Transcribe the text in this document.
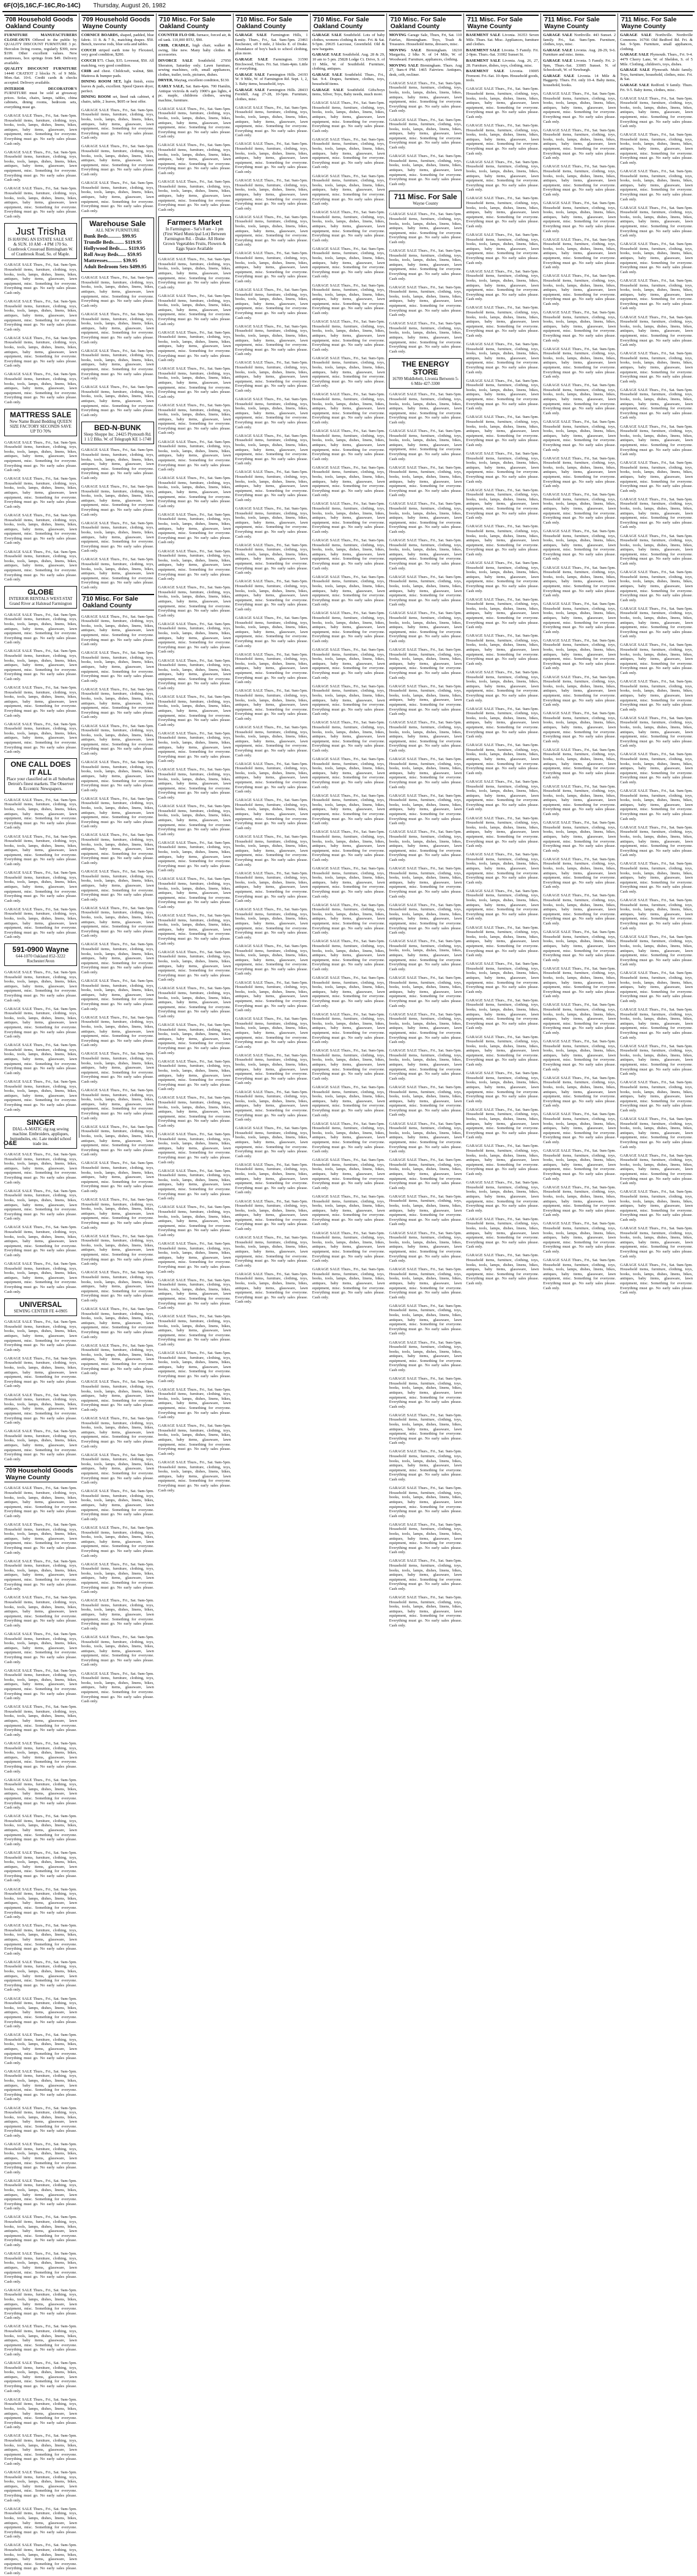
6F(O)S,16C,F-16C,Ro-14C) Thursday, August 26, 1982
708 Household Goods
Oakland County

FURNITURE MANUFACTURERS CLOSE-OUTS Offered to the public by QUALITY DISCOUNT FURNITURE 3 pc. Herculon living rooms, regularly $399, now $199. Other excellent values. New mattresses, box springs from $49. Delivery available.

QUALITY DISCOUNT FURNITURE 14440 CRATIOT 2 blocks N. of 9 Mile. Mon.-Sat. 10-6. Credit cards & checks accepted. Delivery available.

INTERIOR DECORATOR'S FURNITURE must be sold at giveaway prices. Sofas, chairs, lamps, tables, china cabinets, dining rooms, bedroom sets, everything must go.

GARAGE SALE Thurs., Fri., Sat. 9am-5pm. Household items, furniture, clothing, toys, books, tools, lamps, dishes, linens, bikes, antiques, baby items, glassware, lawn equipment, misc. Something for everyone. Everything must go. No early sales please. Cash only.

GARAGE SALE Thurs., Fri., Sat. 9am-5pm. Household items, furniture, clothing, toys, books, tools, lamps, dishes, linens, bikes, antiques, baby items, glassware, lawn equipment, misc. Something for everyone. Everything must go. No early sales please. Cash only.

GARAGE SALE Thurs., Fri., Sat. 9am-5pm. Household items, furniture, clothing, toys, books, tools, lamps, dishes, linens, bikes, antiques, baby items, glassware, lawn equipment, misc. Something for everyone. Everything must go. No early sales please. Cash only.

Just Trisha
IS HAVING AN ESTATE SALE SAT. & SUN. 10 AM - 4 PM 170 So. Cranbrook Crossroad Birmingham W. of Cranbrook Road, So. of Maple.

GARAGE SALE Thurs., Fri., Sat. 9am-5pm. Household items, furniture, clothing, toys, books, tools, lamps, dishes, linens, bikes, antiques, baby items, glassware, lawn equipment, misc. Something for everyone. Everything must go. No early sales please. Cash only.

GARAGE SALE Thurs., Fri., Sat. 9am-5pm. Household items, furniture, clothing, toys, books, tools, lamps, dishes, linens, bikes, antiques, baby items, glassware, lawn equipment, misc. Something for everyone. Everything must go. No early sales please. Cash only.

GARAGE SALE Thurs., Fri., Sat. 9am-5pm. Household items, furniture, clothing, toys, books, tools, lamps, dishes, linens, bikes, antiques, baby items, glassware, lawn equipment, misc. Something for everyone. Everything must go. No early sales please. Cash only.

GARAGE SALE Thurs., Fri., Sat. 9am-5pm. Household items, furniture, clothing, toys, books, tools, lamps, dishes, linens, bikes, antiques, baby items, glassware, lawn equipment, misc. Something for everyone. Everything must go. No early sales please. Cash only.

MATTRESS SALE
New Name Brand Bedding QUEEN SIZE FACTORY SECONDS SAVE UP TO 70%

GARAGE SALE Thurs., Fri., Sat. 9am-5pm. Household items, furniture, clothing, toys, books, tools, lamps, dishes, linens, bikes, antiques, baby items, glassware, lawn equipment, misc. Something for everyone. Everything must go. No early sales please. Cash only.

GARAGE SALE Thurs., Fri., Sat. 9am-5pm. Household items, furniture, clothing, toys, books, tools, lamps, dishes, linens, bikes, antiques, baby items, glassware, lawn equipment, misc. Something for everyone. Everything must go. No early sales please. Cash only.

GARAGE SALE Thurs., Fri., Sat. 9am-5pm. Household items, furniture, clothing, toys, books, tools, lamps, dishes, linens, bikes, antiques, baby items, glassware, lawn equipment, misc. Something for everyone. Everything must go. No early sales please. Cash only.

GARAGE SALE Thurs., Fri., Sat. 9am-5pm. Household items, furniture, clothing, toys, books, tools, lamps, dishes, linens, bikes, antiques, baby items, glassware, lawn equipment, misc. Something for everyone. Everything must go. No early sales please. Cash only.

GLOBE
INTERIOR RENTALS WEST-STAT Grand River at Halstead Farmington

GARAGE SALE Thurs., Fri., Sat. 9am-5pm. Household items, furniture, clothing, toys, books, tools, lamps, dishes, linens, bikes, antiques, baby items, glassware, lawn equipment, misc. Something for everyone. Everything must go. No early sales please. Cash only.

GARAGE SALE Thurs., Fri., Sat. 9am-5pm. Household items, furniture, clothing, toys, books, tools, lamps, dishes, linens, bikes, antiques, baby items, glassware, lawn equipment, misc. Something for everyone. Everything must go. No early sales please. Cash only.

GARAGE SALE Thurs., Fri., Sat. 9am-5pm. Household items, furniture, clothing, toys, books, tools, lamps, dishes, linens, bikes, antiques, baby items, glassware, lawn equipment, misc. Something for everyone. Everything must go. No early sales please. Cash only.

GARAGE SALE Thurs., Fri., Sat. 9am-5pm. Household items, furniture, clothing, toys, books, tools, lamps, dishes, linens, bikes, antiques, baby items, glassware, lawn equipment, misc. Something for everyone. Everything must go. No early sales please. Cash only.

ONE CALL DOES IT ALL
Place your classified ad in all Suburban Detroit's finest markets. The Observer & Eccentric Newspapers.

GARAGE SALE Thurs., Fri., Sat. 9am-5pm. Household items, furniture, clothing, toys, books, tools, lamps, dishes, linens, bikes, antiques, baby items, glassware, lawn equipment, misc. Something for everyone. Everything must go. No early sales please. Cash only.

GARAGE SALE Thurs., Fri., Sat. 9am-5pm. Household items, furniture, clothing, toys, books, tools, lamps, dishes, linens, bikes, antiques, baby items, glassware, lawn equipment, misc. Something for everyone. Everything must go. No early sales please. Cash only.

GARAGE SALE Thurs., Fri., Sat. 9am-5pm. Household items, furniture, clothing, toys, books, tools, lamps, dishes, linens, bikes, antiques, baby items, glassware, lawn equipment, misc. Something for everyone. Everything must go. No early sales please. Cash only.

GARAGE SALE Thurs., Fri., Sat. 9am-5pm. Household items, furniture, clothing, toys, books, tools, lamps, dishes, linens, bikes, antiques, baby items, glassware, lawn equipment, misc. Something for everyone. Everything must go. No early sales please. Cash only.

591-0900 Wayne
644-1070 Oakland 852-3222 Rochester/Avon

GARAGE SALE Thurs., Fri., Sat. 9am-5pm. Household items, furniture, clothing, toys, books, tools, lamps, dishes, linens, bikes, antiques, baby items, glassware, lawn equipment, misc. Something for everyone. Everything must go. No early sales please. Cash only.

GARAGE SALE Thurs., Fri., Sat. 9am-5pm. Household items, furniture, clothing, toys, books, tools, lamps, dishes, linens, bikes, antiques, baby items, glassware, lawn equipment, misc. Something for everyone. Everything must go. No early sales please. Cash only.

GARAGE SALE Thurs., Fri., Sat. 9am-5pm. Household items, furniture, clothing, toys, books, tools, lamps, dishes, linens, bikes, antiques, baby items, glassware, lawn equipment, misc. Something for everyone. Everything must go. No early sales please. Cash only.

GARAGE SALE Thurs., Fri., Sat. 9am-5pm. Household items, furniture, clothing, toys, books, tools, lamps, dishes, linens, bikes, antiques, baby items, glassware, lawn equipment, misc. Something for everyone. Everything must go. No early sales please. Cash only.

SINGER
DIAL-A-MATIC zig zag sewing machine. Embroiders, appliques, buttonholes, etc. Late model school trade ins.

GARAGE SALE Thurs., Fri., Sat. 9am-5pm. Household items, furniture, clothing, toys, books, tools, lamps, dishes, linens, bikes, antiques, baby items, glassware, lawn equipment, misc. Something for everyone. Everything must go. No early sales please. Cash only.

GARAGE SALE Thurs., Fri., Sat. 9am-5pm. Household items, furniture, clothing, toys, books, tools, lamps, dishes, linens, bikes, antiques, baby items, glassware, lawn equipment, misc. Something for everyone. Everything must go. No early sales please. Cash only.

GARAGE SALE Thurs., Fri., Sat. 9am-5pm. Household items, furniture, clothing, toys, books, tools, lamps, dishes, linens, bikes, antiques, baby items, glassware, lawn equipment, misc. Something for everyone. Everything must go. No early sales please. Cash only.

GARAGE SALE Thurs., Fri., Sat. 9am-5pm. Household items, furniture, clothing, toys, books, tools, lamps, dishes, linens, bikes, antiques, baby items, glassware, lawn equipment, misc. Something for everyone. Everything must go. No early sales please. Cash only.

UNIVERSAL
SEWING CENTER FE 4-0905

GARAGE SALE Thurs., Fri., Sat. 9am-5pm. Household items, furniture, clothing, toys, books, tools, lamps, dishes, linens, bikes, antiques, baby items, glassware, lawn equipment, misc. Something for everyone. Everything must go. No early sales please. Cash only.

GARAGE SALE Thurs., Fri., Sat. 9am-5pm. Household items, furniture, clothing, toys, books, tools, lamps, dishes, linens, bikes, antiques, baby items, glassware, lawn equipment, misc. Something for everyone. Everything must go. No early sales please. Cash only.

GARAGE SALE Thurs., Fri., Sat. 9am-5pm. Household items, furniture, clothing, toys, books, tools, lamps, dishes, linens, bikes, antiques, baby items, glassware, lawn equipment, misc. Something for everyone. Everything must go. No early sales please. Cash only.

GARAGE SALE Thurs., Fri., Sat. 9am-5pm. Household items, furniture, clothing, toys, books, tools, lamps, dishes, linens, bikes, antiques, baby items, glassware, lawn equipment, misc. Something for everyone. Everything must go. No early sales please. Cash only.

709 Household Goods
Wayne County

GARAGE SALE Thurs., Fri., Sat. 9am-5pm. Household items, furniture, clothing, toys, books, tools, lamps, dishes, linens, bikes, antiques, baby items, glassware, lawn equipment, misc. Something for everyone. Everything must go. No early sales please. Cash only.

GARAGE SALE Thurs., Fri., Sat. 9am-5pm. Household items, furniture, clothing, toys, books, tools, lamps, dishes, linens, bikes, antiques, baby items, glassware, lawn equipment, misc. Something for everyone. Everything must go. No early sales please. Cash only.

GARAGE SALE Thurs., Fri., Sat. 9am-5pm. Household items, furniture, clothing, toys, books, tools, lamps, dishes, linens, bikes, antiques, baby items, glassware, lawn equipment, misc. Something for everyone. Everything must go. No early sales please. Cash only.

GARAGE SALE Thurs., Fri., Sat. 9am-5pm. Household items, furniture, clothing, toys, books, tools, lamps, dishes, linens, bikes, antiques, baby items, glassware, lawn equipment, misc. Something for everyone. Everything must go. No early sales please. Cash only.

GARAGE SALE Thurs., Fri., Sat. 9am-5pm. Household items, furniture, clothing, toys, books, tools, lamps, dishes, linens, bikes, antiques, baby items, glassware, lawn equipment, misc. Something for everyone. Everything must go. No early sales please. Cash only.

GARAGE SALE Thurs., Fri., Sat. 9am-5pm. Household items, furniture, clothing, toys, books, tools, lamps, dishes, linens, bikes, antiques, baby items, glassware, lawn equipment, misc. Something for everyone. Everything must go. No early sales please. Cash only.

GARAGE SALE Thurs., Fri., Sat. 9am-5pm. Household items, furniture, clothing, toys, books, tools, lamps, dishes, linens, bikes, antiques, baby items, glassware, lawn equipment, misc. Something for everyone. Everything must go. No early sales please. Cash only.

GARAGE SALE Thurs., Fri., Sat. 9am-5pm. Household items, furniture, clothing, toys, books, tools, lamps, dishes, linens, bikes, antiques, baby items, glassware, lawn equipment, misc. Something for everyone. Everything must go. No early sales please. Cash only.

GARAGE SALE Thurs., Fri., Sat. 9am-5pm. Household items, furniture, clothing, toys, books, tools, lamps, dishes, linens, bikes, antiques, baby items, glassware, lawn equipment, misc. Something for everyone. Everything must go. No early sales please. Cash only.

GARAGE SALE Thurs., Fri., Sat. 9am-5pm. Household items, furniture, clothing, toys, books, tools, lamps, dishes, linens, bikes, antiques, baby items, glassware, lawn equipment, misc. Something for everyone. Everything must go. No early sales please. Cash only.

GARAGE SALE Thurs., Fri., Sat. 9am-5pm. Household items, furniture, clothing, toys, books, tools, lamps, dishes, linens, bikes, antiques, baby items, glassware, lawn equipment, misc. Something for everyone. Everything must go. No early sales please. Cash only.

GARAGE SALE Thurs., Fri., Sat. 9am-5pm. Household items, furniture, clothing, toys, books, tools, lamps, dishes, linens, bikes, antiques, baby items, glassware, lawn equipment, misc. Something for everyone. Everything must go. No early sales please. Cash only.

GARAGE SALE Thurs., Fri., Sat. 9am-5pm. Household items, furniture, clothing, toys, books, tools, lamps, dishes, linens, bikes, antiques, baby items, glassware, lawn equipment, misc. Something for everyone. Everything must go. No early sales please. Cash only.

GARAGE SALE Thurs., Fri., Sat. 9am-5pm. Household items, furniture, clothing, toys, books, tools, lamps, dishes, linens, bikes, antiques, baby items, glassware, lawn equipment, misc. Something for everyone. Everything must go. No early sales please. Cash only.

GARAGE SALE Thurs., Fri., Sat. 9am-5pm. Household items, furniture, clothing, toys, books, tools, lamps, dishes, linens, bikes, antiques, baby items, glassware, lawn equipment, misc. Something for everyone. Everything must go. No early sales please. Cash only.

GARAGE SALE Thurs., Fri., Sat. 9am-5pm. Household items, furniture, clothing, toys, books, tools, lamps, dishes, linens, bikes, antiques, baby items, glassware, lawn equipment, misc. Something for everyone. Everything must go. No early sales please. Cash only.

GARAGE SALE Thurs., Fri., Sat. 9am-5pm. Household items, furniture, clothing, toys, books, tools, lamps, dishes, linens, bikes, antiques, baby items, glassware, lawn equipment, misc. Something for everyone. Everything must go. No early sales please. Cash only.

GARAGE SALE Thurs., Fri., Sat. 9am-5pm. Household items, furniture, clothing, toys, books, tools, lamps, dishes, linens, bikes, antiques, baby items, glassware, lawn equipment, misc. Something for everyone. Everything must go. No early sales please. Cash only.

GARAGE SALE Thurs., Fri., Sat. 9am-5pm. Household items, furniture, clothing, toys, books, tools, lamps, dishes, linens, bikes, antiques, baby items, glassware, lawn equipment, misc. Something for everyone. Everything must go. No early sales please. Cash only.

GARAGE SALE Thurs., Fri., Sat. 9am-5pm. Household items, furniture, clothing, toys, books, tools, lamps, dishes, linens, bikes, antiques, baby items, glassware, lawn equipment, misc. Something for everyone. Everything must go. No early sales please. Cash only.

GARAGE SALE Thurs., Fri., Sat. 9am-5pm. Household items, furniture, clothing, toys, books, tools, lamps, dishes, linens, bikes, antiques, baby items, glassware, lawn equipment, misc. Something for everyone. Everything must go. No early sales please. Cash only.

GARAGE SALE Thurs., Fri., Sat. 9am-5pm. Household items, furniture, clothing, toys, books, tools, lamps, dishes, linens, bikes, antiques, baby items, glassware, lawn equipment, misc. Something for everyone. Everything must go. No early sales please. Cash only.

GARAGE SALE Thurs., Fri., Sat. 9am-5pm. Household items, furniture, clothing, toys, books, tools, lamps, dishes, linens, bikes, antiques, baby items, glassware, lawn equipment, misc. Something for everyone. Everything must go. No early sales please. Cash only.

GARAGE SALE Thurs., Fri., Sat. 9am-5pm. Household items, furniture, clothing, toys, books, tools, lamps, dishes, linens, bikes, antiques, baby items, glassware, lawn equipment, misc. Something for everyone. Everything must go. No early sales please. Cash only.

GARAGE SALE Thurs., Fri., Sat. 9am-5pm. Household items, furniture, clothing, toys, books, tools, lamps, dishes, linens, bikes, antiques, baby items, glassware, lawn equipment, misc. Something for everyone. Everything must go. No early sales please. Cash only.

GARAGE SALE Thurs., Fri., Sat. 9am-5pm. Household items, furniture, clothing, toys, books, tools, lamps, dishes, linens, bikes, antiques, baby items, glassware, lawn equipment, misc. Something for everyone. Everything must go. No early sales please. Cash only.

GARAGE SALE Thurs., Fri., Sat. 9am-5pm. Household items, furniture, clothing, toys, books, tools, lamps, dishes, linens, bikes, antiques, baby items, glassware, lawn equipment, misc. Something for everyone. Everything must go. No early sales please. Cash only.

GARAGE SALE Thurs., Fri., Sat. 9am-5pm. Household items, furniture, clothing, toys, books, tools, lamps, dishes, linens, bikes, antiques, baby items, glassware, lawn equipment, misc. Something for everyone. Everything must go. No early sales please. Cash only.

GARAGE SALE Thurs., Fri., Sat. 9am-5pm. Household items, furniture, clothing, toys, books, tools, lamps, dishes, linens, bikes, antiques, baby items, glassware, lawn equipment, misc. Something for everyone. Everything must go. No early sales please. Cash only.

GARAGE SALE Thurs., Fri., Sat. 9am-5pm. Household items, furniture, clothing, toys, books, tools, lamps, dishes, linens, bikes, antiques, baby items, glassware, lawn equipment, misc. Something for everyone. Everything must go. No early sales please. Cash only.

709 Household Goods
Wayne County

CORNICE BOARDS, shaped, padded, blue fabric. 11 ft. & 7 ft., matching drapes. $50. Bench, traverse rods, blue sofa and tables.

COUCH striped earth tone by Flexsteel, very good condition, $200.

COUCH $75. Chair, $35. Loveseat, $50. All matching, very good condition.

CRIB and chest. Childcraft, walnut, $80. Mattress & bumper pads.

DINING ROOM SET, light finish, extra leaves & pads, excellent. Speed Queen dryer, perfect.

DINING ROOM set, lined oak cabinet, 4 chairs, table, 2 leaves, $695 or best offer.

GARAGE SALE Thurs., Fri., Sat. 9am-5pm. Household items, furniture, clothing, toys, books, tools, lamps, dishes, linens, bikes, antiques, baby items, glassware, lawn equipment, misc. Something for everyone. Everything must go. No early sales please. Cash only.

GARAGE SALE Thurs., Fri., Sat. 9am-5pm. Household items, furniture, clothing, toys, books, tools, lamps, dishes, linens, bikes, antiques, baby items, glassware, lawn equipment, misc. Something for everyone. Everything must go. No early sales please. Cash only.

GARAGE SALE Thurs., Fri., Sat. 9am-5pm. Household items, furniture, clothing, toys, books, tools, lamps, dishes, linens, bikes, antiques, baby items, glassware, lawn equipment, misc. Something for everyone. Everything must go. No early sales please. Cash only.

Warehouse Sale
ALL NEW FURNITURE
Bunk Beds.......... $99.95
Trundle Beds........ $119.95
Hollywood Beds...... $119.95
Roll Away Beds...... $59.95
Mattresses........... $39.95
Adult Bedroom Sets $499.95

GARAGE SALE Thurs., Fri., Sat. 9am-5pm. Household items, furniture, clothing, toys, books, tools, lamps, dishes, linens, bikes, antiques, baby items, glassware, lawn equipment, misc. Something for everyone. Everything must go. No early sales please. Cash only.

GARAGE SALE Thurs., Fri., Sat. 9am-5pm. Household items, furniture, clothing, toys, books, tools, lamps, dishes, linens, bikes, antiques, baby items, glassware, lawn equipment, misc. Something for everyone. Everything must go. No early sales please. Cash only.

GARAGE SALE Thurs., Fri., Sat. 9am-5pm. Household items, furniture, clothing, toys, books, tools, lamps, dishes, linens, bikes, antiques, baby items, glassware, lawn equipment, misc. Something for everyone. Everything must go. No early sales please. Cash only.

GARAGE SALE Thurs., Fri., Sat. 9am-5pm. Household items, furniture, clothing, toys, books, tools, lamps, dishes, linens, bikes, antiques, baby items, glassware, lawn equipment, misc. Something for everyone. Everything must go. No early sales please. Cash only.

BED-N-BUNK
Sleep Shoppe Inc. 24425 Plymouth Rd. 1 1/2 Blks. W. of Telegraph KE 1-1740

GARAGE SALE Thurs., Fri., Sat. 9am-5pm. Household items, furniture, clothing, toys, books, tools, lamps, dishes, linens, bikes, antiques, baby items, glassware, lawn equipment, misc. Something for everyone. Everything must go. No early sales please. Cash only.

GARAGE SALE Thurs., Fri., Sat. 9am-5pm. Household items, furniture, clothing, toys, books, tools, lamps, dishes, linens, bikes, antiques, baby items, glassware, lawn equipment, misc. Something for everyone. Everything must go. No early sales please. Cash only.

GARAGE SALE Thurs., Fri., Sat. 9am-5pm. Household items, furniture, clothing, toys, books, tools, lamps, dishes, linens, bikes, antiques, baby items, glassware, lawn equipment, misc. Something for everyone. Everything must go. No early sales please. Cash only.

GARAGE SALE Thurs., Fri., Sat. 9am-5pm. Household items, furniture, clothing, toys, books, tools, lamps, dishes, linens, bikes, antiques, baby items, glassware, lawn equipment, misc. Something for everyone. Everything must go. No early sales please. Cash only.

710 Misc. For Sale
Oakland County

GARAGE SALE Thurs., Fri., Sat. 9am-5pm. Household items, furniture, clothing, toys, books, tools, lamps, dishes, linens, bikes, antiques, baby items, glassware, lawn equipment, misc. Something for everyone. Everything must go. No early sales please. Cash only.

GARAGE SALE Thurs., Fri., Sat. 9am-5pm. Household items, furniture, clothing, toys, books, tools, lamps, dishes, linens, bikes, antiques, baby items, glassware, lawn equipment, misc. Something for everyone. Everything must go. No early sales please. Cash only.

GARAGE SALE Thurs., Fri., Sat. 9am-5pm. Household items, furniture, clothing, toys, books, tools, lamps, dishes, linens, bikes, antiques, baby items, glassware, lawn equipment, misc. Something for everyone. Everything must go. No early sales please. Cash only.

GARAGE SALE Thurs., Fri., Sat. 9am-5pm. Household items, furniture, clothing, toys, books, tools, lamps, dishes, linens, bikes, antiques, baby items, glassware, lawn equipment, misc. Something for everyone. Everything must go. No early sales please. Cash only.

GARAGE SALE Thurs., Fri., Sat. 9am-5pm. Household items, furniture, clothing, toys, books, tools, lamps, dishes, linens, bikes, antiques, baby items, glassware, lawn equipment, misc. Something for everyone. Everything must go. No early sales please. Cash only.

GARAGE SALE Thurs., Fri., Sat. 9am-5pm. Household items, furniture, clothing, toys, books, tools, lamps, dishes, linens, bikes, antiques, baby items, glassware, lawn equipment, misc. Something for everyone. Everything must go. No early sales please. Cash only.

GARAGE SALE Thurs., Fri., Sat. 9am-5pm. Household items, furniture, clothing, toys, books, tools, lamps, dishes, linens, bikes, antiques, baby items, glassware, lawn equipment, misc. Something for everyone. Everything must go. No early sales please. Cash only.

GARAGE SALE Thurs., Fri., Sat. 9am-5pm. Household items, furniture, clothing, toys, books, tools, lamps, dishes, linens, bikes, antiques, baby items, glassware, lawn equipment, misc. Something for everyone. Everything must go. No early sales please. Cash only.

GARAGE SALE Thurs., Fri., Sat. 9am-5pm. Household items, furniture, clothing, toys, books, tools, lamps, dishes, linens, bikes, antiques, baby items, glassware, lawn equipment, misc. Something for everyone. Everything must go. No early sales please. Cash only.

GARAGE SALE Thurs., Fri., Sat. 9am-5pm. Household items, furniture, clothing, toys, books, tools, lamps, dishes, linens, bikes, antiques, baby items, glassware, lawn equipment, misc. Something for everyone. Everything must go. No early sales please. Cash only.

GARAGE SALE Thurs., Fri., Sat. 9am-5pm. Household items, furniture, clothing, toys, books, tools, lamps, dishes, linens, bikes, antiques, baby items, glassware, lawn equipment, misc. Something for everyone. Everything must go. No early sales please. Cash only.

GARAGE SALE Thurs., Fri., Sat. 9am-5pm. Household items, furniture, clothing, toys, books, tools, lamps, dishes, linens, bikes, antiques, baby items, glassware, lawn equipment, misc. Something for everyone. Everything must go. No early sales please. Cash only.

GARAGE SALE Thurs., Fri., Sat. 9am-5pm. Household items, furniture, clothing, toys, books, tools, lamps, dishes, linens, bikes, antiques, baby items, glassware, lawn equipment, misc. Something for everyone. Everything must go. No early sales please. Cash only.

GARAGE SALE Thurs., Fri., Sat. 9am-5pm. Household items, furniture, clothing, toys, books, tools, lamps, dishes, linens, bikes, antiques, baby items, glassware, lawn equipment, misc. Something for everyone. Everything must go. No early sales please. Cash only.

GARAGE SALE Thurs., Fri., Sat. 9am-5pm. Household items, furniture, clothing, toys, books, tools, lamps, dishes, linens, bikes, antiques, baby items, glassware, lawn equipment, misc. Something for everyone. Everything must go. No early sales please. Cash only.

GARAGE SALE Thurs., Fri., Sat. 9am-5pm. Household items, furniture, clothing, toys, books, tools, lamps, dishes, linens, bikes, antiques, baby items, glassware, lawn equipment, misc. Something for everyone. Everything must go. No early sales please. Cash only.

GARAGE SALE Thurs., Fri., Sat. 9am-5pm. Household items, furniture, clothing, toys, books, tools, lamps, dishes, linens, bikes, antiques, baby items, glassware, lawn equipment, misc. Something for everyone. Everything must go. No early sales please. Cash only.

GARAGE SALE Thurs., Fri., Sat. 9am-5pm. Household items, furniture, clothing, toys, books, tools, lamps, dishes, linens, bikes, antiques, baby items, glassware, lawn equipment, misc. Something for everyone. Everything must go. No early sales please. Cash only.

GARAGE SALE Thurs., Fri., Sat. 9am-5pm. Household items, furniture, clothing, toys, books, tools, lamps, dishes, linens, bikes, antiques, baby items, glassware, lawn equipment, misc. Something for everyone. Everything must go. No early sales please. Cash only.

GARAGE SALE Thurs., Fri., Sat. 9am-5pm. Household items, furniture, clothing, toys, books, tools, lamps, dishes, linens, bikes, antiques, baby items, glassware, lawn equipment, misc. Something for everyone. Everything must go. No early sales please. Cash only.

GARAGE SALE Thurs., Fri., Sat. 9am-5pm. Household items, furniture, clothing, toys, books, tools, lamps, dishes, linens, bikes, antiques, baby items, glassware, lawn equipment, misc. Something for everyone. Everything must go. No early sales please. Cash only.

GARAGE SALE Thurs., Fri., Sat. 9am-5pm. Household items, furniture, clothing, toys, books, tools, lamps, dishes, linens, bikes, antiques, baby items, glassware, lawn equipment, misc. Something for everyone. Everything must go. No early sales please. Cash only.

GARAGE SALE Thurs., Fri., Sat. 9am-5pm. Household items, furniture, clothing, toys, books, tools, lamps, dishes, linens, bikes, antiques, baby items, glassware, lawn equipment, misc. Something for everyone. Everything must go. No early sales please. Cash only.

GARAGE SALE Thurs., Fri., Sat. 9am-5pm. Household items, furniture, clothing, toys, books, tools, lamps, dishes, linens, bikes, antiques, baby items, glassware, lawn equipment, misc. Something for everyone. Everything must go. No early sales please. Cash only.

GARAGE SALE Thurs., Fri., Sat. 9am-5pm. Household items, furniture, clothing, toys, books, tools, lamps, dishes, linens, bikes, antiques, baby items, glassware, lawn equipment, misc. Something for everyone. Everything must go. No early sales please. Cash only.

GARAGE SALE Thurs., Fri., Sat. 9am-5pm. Household items, furniture, clothing, toys, books, tools, lamps, dishes, linens, bikes, antiques, baby items, glassware, lawn equipment, misc. Something for everyone. Everything must go. No early sales please. Cash only.

GARAGE SALE Thurs., Fri., Sat. 9am-5pm. Household items, furniture, clothing, toys, books, tools, lamps, dishes, linens, bikes, antiques, baby items, glassware, lawn equipment, misc. Something for everyone. Everything must go. No early sales please. Cash only.

GARAGE SALE Thurs., Fri., Sat. 9am-5pm. Household items, furniture, clothing, toys, books, tools, lamps, dishes, linens, bikes, antiques, baby items, glassware, lawn equipment, misc. Something for everyone. Everything must go. No early sales please. Cash only.

GARAGE SALE Thurs., Fri., Sat. 9am-5pm. Household items, furniture, clothing, toys, books, tools, lamps, dishes, linens, bikes, antiques, baby items, glassware, lawn equipment, misc. Something for everyone. Everything must go. No early sales please. Cash only.

GARAGE SALE Thurs., Fri., Sat. 9am-5pm. Household items, furniture, clothing, toys, books, tools, lamps, dishes, linens, bikes, antiques, baby items, glassware, lawn equipment, misc. Something for everyone. Everything must go. No early sales please. Cash only.

710 Misc. For Sale
Oakland County

COUNTER FLO OIL furnace, forced air, & oil tank. 110,000 BTU, $90.

CRIB, CRADLE, high chair, walker & swing, like new. Many baby clothes & accessories.

DIVORCE SALE Southfield. 27050 Sheraton, Saturday only. Lawn furniture, sewing machines, crib, small appliances, clothes, trailer, tools, pictures, dishes.

DRYER, Maytag, excellent condition, $130.

EARLY SALE, Sat. 8am-4pm. 700 Hamlin, Antique victrola & early 1900's gas lights, 4 pc. maple, childrens clothes, sewing machine, furniture.

GARAGE SALE Thurs., Fri., Sat. 9am-5pm. Household items, furniture, clothing, toys, books, tools, lamps, dishes, linens, bikes, antiques, baby items, glassware, lawn equipment, misc. Something for everyone. Everything must go. No early sales please. Cash only.

GARAGE SALE Thurs., Fri., Sat. 9am-5pm. Household items, furniture, clothing, toys, books, tools, lamps, dishes, linens, bikes, antiques, baby items, glassware, lawn equipment, misc. Something for everyone. Everything must go. No early sales please. Cash only.

GARAGE SALE Thurs., Fri., Sat. 9am-5pm. Household items, furniture, clothing, toys, books, tools, lamps, dishes, linens, bikes, antiques, baby items, glassware, lawn equipment, misc. Something for everyone. Everything must go. No early sales please. Cash only.

Farmers Market
In Farmington - Sat's 8 am - 1 pm (First Ward Municipal Lot) Between Farmington Rd. - Drake. All Home Grown Vegetables Fruits, Flowers & Eggs Space Available

GARAGE SALE Thurs., Fri., Sat. 9am-5pm. Household items, furniture, clothing, toys, books, tools, lamps, dishes, linens, bikes, antiques, baby items, glassware, lawn equipment, misc. Something for everyone. Everything must go. No early sales please. Cash only.

GARAGE SALE Thurs., Fri., Sat. 9am-5pm. Household items, furniture, clothing, toys, books, tools, lamps, dishes, linens, bikes, antiques, baby items, glassware, lawn equipment, misc. Something for everyone. Everything must go. No early sales please. Cash only.

GARAGE SALE Thurs., Fri., Sat. 9am-5pm. Household items, furniture, clothing, toys, books, tools, lamps, dishes, linens, bikes, antiques, baby items, glassware, lawn equipment, misc. Something for everyone. Everything must go. No early sales please. Cash only.

GARAGE SALE Thurs., Fri., Sat. 9am-5pm. Household items, furniture, clothing, toys, books, tools, lamps, dishes, linens, bikes, antiques, baby items, glassware, lawn equipment, misc. Something for everyone. Everything must go. No early sales please. Cash only.

GARAGE SALE Thurs., Fri., Sat. 9am-5pm. Household items, furniture, clothing, toys, books, tools, lamps, dishes, linens, bikes, antiques, baby items, glassware, lawn equipment, misc. Something for everyone. Everything must go. No early sales please. Cash only.

GARAGE SALE Thurs., Fri., Sat. 9am-5pm. Household items, furniture, clothing, toys, books, tools, lamps, dishes, linens, bikes, antiques, baby items, glassware, lawn equipment, misc. Something for everyone. Everything must go. No early sales please. Cash only.

GARAGE SALE Thurs., Fri., Sat. 9am-5pm. Household items, furniture, clothing, toys, books, tools, lamps, dishes, linens, bikes, antiques, baby items, glassware, lawn equipment, misc. Something for everyone. Everything must go. No early sales please. Cash only.

GARAGE SALE Thurs., Fri., Sat. 9am-5pm. Household items, furniture, clothing, toys, books, tools, lamps, dishes, linens, bikes, antiques, baby items, glassware, lawn equipment, misc. Something for everyone. Everything must go. No early sales please. Cash only.

GARAGE SALE Thurs., Fri., Sat. 9am-5pm. Household items, furniture, clothing, toys, books, tools, lamps, dishes, linens, bikes, antiques, baby items, glassware, lawn equipment, misc. Something for everyone. Everything must go. No early sales please. Cash only.

GARAGE SALE Thurs., Fri., Sat. 9am-5pm. Household items, furniture, clothing, toys, books, tools, lamps, dishes, linens, bikes, antiques, baby items, glassware, lawn equipment, misc. Something for everyone. Everything must go. No early sales please. Cash only.

GARAGE SALE Thurs., Fri., Sat. 9am-5pm. Household items, furniture, clothing, toys, books, tools, lamps, dishes, linens, bikes, antiques, baby items, glassware, lawn equipment, misc. Something for everyone. Everything must go. No early sales please. Cash only.

GARAGE SALE Thurs., Fri., Sat. 9am-5pm. Household items, furniture, clothing, toys, books, tools, lamps, dishes, linens, bikes, antiques, baby items, glassware, lawn equipment, misc. Something for everyone. Everything must go. No early sales please. Cash only.

GARAGE SALE Thurs., Fri., Sat. 9am-5pm. Household items, furniture, clothing, toys, books, tools, lamps, dishes, linens, bikes, antiques, baby items, glassware, lawn equipment, misc. Something for everyone. Everything must go. No early sales please. Cash only.

GARAGE SALE Thurs., Fri., Sat. 9am-5pm. Household items, furniture, clothing, toys, books, tools, lamps, dishes, linens, bikes, antiques, baby items, glassware, lawn equipment, misc. Something for everyone. Everything must go. No early sales please. Cash only.

GARAGE SALE Thurs., Fri., Sat. 9am-5pm. Household items, furniture, clothing, toys, books, tools, lamps, dishes, linens, bikes, antiques, baby items, glassware, lawn equipment, misc. Something for everyone. Everything must go. No early sales please. Cash only.

GARAGE SALE Thurs., Fri., Sat. 9am-5pm. Household items, furniture, clothing, toys, books, tools, lamps, dishes, linens, bikes, antiques, baby items, glassware, lawn equipment, misc. Something for everyone. Everything must go. No early sales please. Cash only.

GARAGE SALE Thurs., Fri., Sat. 9am-5pm. Household items, furniture, clothing, toys, books, tools, lamps, dishes, linens, bikes, antiques, baby items, glassware, lawn equipment, misc. Something for everyone. Everything must go. No early sales please. Cash only.

GARAGE SALE Thurs., Fri., Sat. 9am-5pm. Household items, furniture, clothing, toys, books, tools, lamps, dishes, linens, bikes, antiques, baby items, glassware, lawn equipment, misc. Something for everyone. Everything must go. No early sales please. Cash only.

GARAGE SALE Thurs., Fri., Sat. 9am-5pm. Household items, furniture, clothing, toys, books, tools, lamps, dishes, linens, bikes, antiques, baby items, glassware, lawn equipment, misc. Something for everyone. Everything must go. No early sales please. Cash only.

GARAGE SALE Thurs., Fri., Sat. 9am-5pm. Household items, furniture, clothing, toys, books, tools, lamps, dishes, linens, bikes, antiques, baby items, glassware, lawn equipment, misc. Something for everyone. Everything must go. No early sales please. Cash only.

GARAGE SALE Thurs., Fri., Sat. 9am-5pm. Household items, furniture, clothing, toys, books, tools, lamps, dishes, linens, bikes, antiques, baby items, glassware, lawn equipment, misc. Something for everyone. Everything must go. No early sales please. Cash only.

GARAGE SALE Thurs., Fri., Sat. 9am-5pm. Household items, furniture, clothing, toys, books, tools, lamps, dishes, linens, bikes, antiques, baby items, glassware, lawn equipment, misc. Something for everyone. Everything must go. No early sales please. Cash only.

GARAGE SALE Thurs., Fri., Sat. 9am-5pm. Household items, furniture, clothing, toys, books, tools, lamps, dishes, linens, bikes, antiques, baby items, glassware, lawn equipment, misc. Something for everyone. Everything must go. No early sales please. Cash only.

GARAGE SALE Thurs., Fri., Sat. 9am-5pm. Household items, furniture, clothing, toys, books, tools, lamps, dishes, linens, bikes, antiques, baby items, glassware, lawn equipment, misc. Something for everyone. Everything must go. No early sales please. Cash only.

GARAGE SALE Thurs., Fri., Sat. 9am-5pm. Household items, furniture, clothing, toys, books, tools, lamps, dishes, linens, bikes, antiques, baby items, glassware, lawn equipment, misc. Something for everyone. Everything must go. No early sales please. Cash only.

GARAGE SALE Thurs., Fri., Sat. 9am-5pm. Household items, furniture, clothing, toys, books, tools, lamps, dishes, linens, bikes, antiques, baby items, glassware, lawn equipment, misc. Something for everyone. Everything must go. No early sales please. Cash only.

GARAGE SALE Thurs., Fri., Sat. 9am-5pm. Household items, furniture, clothing, toys, books, tools, lamps, dishes, linens, bikes, antiques, baby items, glassware, lawn equipment, misc. Something for everyone. Everything must go. No early sales please. Cash only.

GARAGE SALE Thurs., Fri., Sat. 9am-5pm. Household items, furniture, clothing, toys, books, tools, lamps, dishes, linens, bikes, antiques, baby items, glassware, lawn equipment, misc. Something for everyone. Everything must go. No early sales please. Cash only.

GARAGE SALE Thurs., Fri., Sat. 9am-5pm. Household items, furniture, clothing, toys, books, tools, lamps, dishes, linens, bikes, antiques, baby items, glassware, lawn equipment, misc. Something for everyone. Everything must go. No early sales please. Cash only.

GARAGE SALE Thurs., Fri., Sat. 9am-5pm. Household items, furniture, clothing, toys, books, tools, lamps, dishes, linens, bikes, antiques, baby items, glassware, lawn equipment, misc. Something for everyone. Everything must go. No early sales please. Cash only.

GARAGE SALE Thurs., Fri., Sat. 9am-5pm. Household items, furniture, clothing, toys, books, tools, lamps, dishes, linens, bikes, antiques, baby items, glassware, lawn equipment, misc. Something for everyone. Everything must go. No early sales please. Cash only.

GARAGE SALE Thurs., Fri., Sat. 9am-5pm. Household items, furniture, clothing, toys, books, tools, lamps, dishes, linens, bikes, antiques, baby items, glassware, lawn equipment, misc. Something for everyone. Everything must go. No early sales please. Cash only.

GARAGE SALE Thurs., Fri., Sat. 9am-5pm. Household items, furniture, clothing, toys, books, tools, lamps, dishes, linens, bikes, antiques, baby items, glassware, lawn equipment, misc. Something for everyone. Everything must go. No early sales please. Cash only.

GARAGE SALE Thurs., Fri., Sat. 9am-5pm. Household items, furniture, clothing, toys, books, tools, lamps, dishes, linens, bikes, antiques, baby items, glassware, lawn equipment, misc. Something for everyone. Everything must go. No early sales please. Cash only.

710 Misc. For Sale
Oakland County

GARAGE SALE Farmington Hills, 1 family. Thurs., Fri., Sat. 9am-5pm. 23461 Rochester, off 9 mile, 2 blocks E. of Drake. Abundance of boy's back to school clothing, plus more.

GARAGE SALE Farmington. 31590 Birchwood, Thurs. Fri. Sat. 10am-4pm. Little of everything.

GARAGE SALE Farmington Hills. 24193 W. 9 Mile, W. of Farmington Rd. Sept. 1, 2, 3. Baby items, household, toys.

GARAGE SALE Farmington Hills. 28433 Fernhill, Aug 27-28, 10-5pm. Furniture, clothes, misc.

GARAGE SALE Thurs., Fri., Sat. 9am-5pm. Household items, furniture, clothing, toys, books, tools, lamps, dishes, linens, bikes, antiques, baby items, glassware, lawn equipment, misc. Something for everyone. Everything must go. No early sales please. Cash only.

GARAGE SALE Thurs., Fri., Sat. 9am-5pm. Household items, furniture, clothing, toys, books, tools, lamps, dishes, linens, bikes, antiques, baby items, glassware, lawn equipment, misc. Something for everyone. Everything must go. No early sales please. Cash only.

GARAGE SALE Thurs., Fri., Sat. 9am-5pm. Household items, furniture, clothing, toys, books, tools, lamps, dishes, linens, bikes, antiques, baby items, glassware, lawn equipment, misc. Something for everyone. Everything must go. No early sales please. Cash only.

GARAGE SALE Thurs., Fri., Sat. 9am-5pm. Household items, furniture, clothing, toys, books, tools, lamps, dishes, linens, bikes, antiques, baby items, glassware, lawn equipment, misc. Something for everyone. Everything must go. No early sales please. Cash only.

GARAGE SALE Thurs., Fri., Sat. 9am-5pm. Household items, furniture, clothing, toys, books, tools, lamps, dishes, linens, bikes, antiques, baby items, glassware, lawn equipment, misc. Something for everyone. Everything must go. No early sales please. Cash only.

GARAGE SALE Thurs., Fri., Sat. 9am-5pm. Household items, furniture, clothing, toys, books, tools, lamps, dishes, linens, bikes, antiques, baby items, glassware, lawn equipment, misc. Something for everyone. Everything must go. No early sales please. Cash only.

GARAGE SALE Thurs., Fri., Sat. 9am-5pm. Household items, furniture, clothing, toys, books, tools, lamps, dishes, linens, bikes, antiques, baby items, glassware, lawn equipment, misc. Something for everyone. Everything must go. No early sales please. Cash only.

GARAGE SALE Thurs., Fri., Sat. 9am-5pm. Household items, furniture, clothing, toys, books, tools, lamps, dishes, linens, bikes, antiques, baby items, glassware, lawn equipment, misc. Something for everyone. Everything must go. No early sales please. Cash only.

GARAGE SALE Thurs., Fri., Sat. 9am-5pm. Household items, furniture, clothing, toys, books, tools, lamps, dishes, linens, bikes, antiques, baby items, glassware, lawn equipment, misc. Something for everyone. Everything must go. No early sales please. Cash only.

GARAGE SALE Thurs., Fri., Sat. 9am-5pm. Household items, furniture, clothing, toys, books, tools, lamps, dishes, linens, bikes, antiques, baby items, glassware, lawn equipment, misc. Something for everyone. Everything must go. No early sales please. Cash only.

GARAGE SALE Thurs., Fri., Sat. 9am-5pm. Household items, furniture, clothing, toys, books, tools, lamps, dishes, linens, bikes, antiques, baby items, glassware, lawn equipment, misc. Something for everyone. Everything must go. No early sales please. Cash only.

GARAGE SALE Thurs., Fri., Sat. 9am-5pm. Household items, furniture, clothing, toys, books, tools, lamps, dishes, linens, bikes, antiques, baby items, glassware, lawn equipment, misc. Something for everyone. Everything must go. No early sales please. Cash only.

GARAGE SALE Thurs., Fri., Sat. 9am-5pm. Household items, furniture, clothing, toys, books, tools, lamps, dishes, linens, bikes, antiques, baby items, glassware, lawn equipment, misc. Something for everyone. Everything must go. No early sales please. Cash only.

GARAGE SALE Thurs., Fri., Sat. 9am-5pm. Household items, furniture, clothing, toys, books, tools, lamps, dishes, linens, bikes, antiques, baby items, glassware, lawn equipment, misc. Something for everyone. Everything must go. No early sales please. Cash only.

GARAGE SALE Thurs., Fri., Sat. 9am-5pm. Household items, furniture, clothing, toys, books, tools, lamps, dishes, linens, bikes, antiques, baby items, glassware, lawn equipment, misc. Something for everyone. Everything must go. No early sales please. Cash only.

GARAGE SALE Thurs., Fri., Sat. 9am-5pm. Household items, furniture, clothing, toys, books, tools, lamps, dishes, linens, bikes, antiques, baby items, glassware, lawn equipment, misc. Something for everyone. Everything must go. No early sales please. Cash only.

GARAGE SALE Thurs., Fri., Sat. 9am-5pm. Household items, furniture, clothing, toys, books, tools, lamps, dishes, linens, bikes, antiques, baby items, glassware, lawn equipment, misc. Something for everyone. Everything must go. No early sales please. Cash only.

GARAGE SALE Thurs., Fri., Sat. 9am-5pm. Household items, furniture, clothing, toys, books, tools, lamps, dishes, linens, bikes, antiques, baby items, glassware, lawn equipment, misc. Something for everyone. Everything must go. No early sales please. Cash only.

GARAGE SALE Thurs., Fri., Sat. 9am-5pm. Household items, furniture, clothing, toys, books, tools, lamps, dishes, linens, bikes, antiques, baby items, glassware, lawn equipment, misc. Something for everyone. Everything must go. No early sales please. Cash only.

GARAGE SALE Thurs., Fri., Sat. 9am-5pm. Household items, furniture, clothing, toys, books, tools, lamps, dishes, linens, bikes, antiques, baby items, glassware, lawn equipment, misc. Something for everyone. Everything must go. No early sales please. Cash only.

GARAGE SALE Thurs., Fri., Sat. 9am-5pm. Household items, furniture, clothing, toys, books, tools, lamps, dishes, linens, bikes, antiques, baby items, glassware, lawn equipment, misc. Something for everyone. Everything must go. No early sales please. Cash only.

GARAGE SALE Thurs., Fri., Sat. 9am-5pm. Household items, furniture, clothing, toys, books, tools, lamps, dishes, linens, bikes, antiques, baby items, glassware, lawn equipment, misc. Something for everyone. Everything must go. No early sales please. Cash only.

GARAGE SALE Thurs., Fri., Sat. 9am-5pm. Household items, furniture, clothing, toys, books, tools, lamps, dishes, linens, bikes, antiques, baby items, glassware, lawn equipment, misc. Something for everyone. Everything must go. No early sales please. Cash only.

GARAGE SALE Thurs., Fri., Sat. 9am-5pm. Household items, furniture, clothing, toys, books, tools, lamps, dishes, linens, bikes, antiques, baby items, glassware, lawn equipment, misc. Something for everyone. Everything must go. No early sales please. Cash only.

GARAGE SALE Thurs., Fri., Sat. 9am-5pm. Household items, furniture, clothing, toys, books, tools, lamps, dishes, linens, bikes, antiques, baby items, glassware, lawn equipment, misc. Something for everyone. Everything must go. No early sales please. Cash only.

GARAGE SALE Thurs., Fri., Sat. 9am-5pm. Household items, furniture, clothing, toys, books, tools, lamps, dishes, linens, bikes, antiques, baby items, glassware, lawn equipment, misc. Something for everyone. Everything must go. No early sales please. Cash only.

GARAGE SALE Thurs., Fri., Sat. 9am-5pm. Household items, furniture, clothing, toys, books, tools, lamps, dishes, linens, bikes, antiques, baby items, glassware, lawn equipment, misc. Something for everyone. Everything must go. No early sales please. Cash only.

GARAGE SALE Thurs., Fri., Sat. 9am-5pm. Household items, furniture, clothing, toys, books, tools, lamps, dishes, linens, bikes, antiques, baby items, glassware, lawn equipment, misc. Something for everyone. Everything must go. No early sales please. Cash only.

GARAGE SALE Thurs., Fri., Sat. 9am-5pm. Household items, furniture, clothing, toys, books, tools, lamps, dishes, linens, bikes, antiques, baby items, glassware, lawn equipment, misc. Something for everyone. Everything must go. No early sales please. Cash only.

GARAGE SALE Thurs., Fri., Sat. 9am-5pm. Household items, furniture, clothing, toys, books, tools, lamps, dishes, linens, bikes, antiques, baby items, glassware, lawn equipment, misc. Something for everyone. Everything must go. No early sales please. Cash only.

GARAGE SALE Thurs., Fri., Sat. 9am-5pm. Household items, furniture, clothing, toys, books, tools, lamps, dishes, linens, bikes, antiques, baby items, glassware, lawn equipment, misc. Something for everyone. Everything must go. No early sales please. Cash only.

GARAGE SALE Thurs., Fri., Sat. 9am-5pm. Household items, furniture, clothing, toys, books, tools, lamps, dishes, linens, bikes, antiques, baby items, glassware, lawn equipment, misc. Something for everyone. Everything must go. No early sales please. Cash only.

GARAGE SALE Thurs., Fri., Sat. 9am-5pm. Household items, furniture, clothing, toys, books, tools, lamps, dishes, linens, bikes, antiques, baby items, glassware, lawn equipment, misc. Something for everyone. Everything must go. No early sales please. Cash only.

710 Misc. For Sale
Oakland County

GARAGE SALE Southfield. Lots of baby clothes, womens clothing & misc. Fri. & Sat. 9-5pm. 29635 Lacrosse, Greenfield. Old & new bargains.

GARAGE SALE Southfield. Aug. 28 & 29, 10 am to 5 pm. 25828 Lodge Ct. Drive, S. of 11 Mile, W. of Southfield. Furniture, clothing, antiques.

GARAGE SALE Southfield. Thurs., Fri., Sat. 9-4. Drapes, furniture, clothes, toys, household items.

GARAGE SALE Southfield. Gifts/boys items, Silver, Toys, Baby needs, much more.

GARAGE SALE Thurs., Fri., Sat. 9am-5pm. Household items, furniture, clothing, toys, books, tools, lamps, dishes, linens, bikes, antiques, baby items, glassware, lawn equipment, misc. Something for everyone. Everything must go. No early sales please. Cash only.

GARAGE SALE Thurs., Fri., Sat. 9am-5pm. Household items, furniture, clothing, toys, books, tools, lamps, dishes, linens, bikes, antiques, baby items, glassware, lawn equipment, misc. Something for everyone. Everything must go. No early sales please. Cash only.

GARAGE SALE Thurs., Fri., Sat. 9am-5pm. Household items, furniture, clothing, toys, books, tools, lamps, dishes, linens, bikes, antiques, baby items, glassware, lawn equipment, misc. Something for everyone. Everything must go. No early sales please. Cash only.

GARAGE SALE Thurs., Fri., Sat. 9am-5pm. Household items, furniture, clothing, toys, books, tools, lamps, dishes, linens, bikes, antiques, baby items, glassware, lawn equipment, misc. Something for everyone. Everything must go. No early sales please. Cash only.

GARAGE SALE Thurs., Fri., Sat. 9am-5pm. Household items, furniture, clothing, toys, books, tools, lamps, dishes, linens, bikes, antiques, baby items, glassware, lawn equipment, misc. Something for everyone. Everything must go. No early sales please. Cash only.

GARAGE SALE Thurs., Fri., Sat. 9am-5pm. Household items, furniture, clothing, toys, books, tools, lamps, dishes, linens, bikes, antiques, baby items, glassware, lawn equipment, misc. Something for everyone. Everything must go. No early sales please. Cash only.

GARAGE SALE Thurs., Fri., Sat. 9am-5pm. Household items, furniture, clothing, toys, books, tools, lamps, dishes, linens, bikes, antiques, baby items, glassware, lawn equipment, misc. Something for everyone. Everything must go. No early sales please. Cash only.

GARAGE SALE Thurs., Fri., Sat. 9am-5pm. Household items, furniture, clothing, toys, books, tools, lamps, dishes, linens, bikes, antiques, baby items, glassware, lawn equipment, misc. Something for everyone. Everything must go. No early sales please. Cash only.

GARAGE SALE Thurs., Fri., Sat. 9am-5pm. Household items, furniture, clothing, toys, books, tools, lamps, dishes, linens, bikes, antiques, baby items, glassware, lawn equipment, misc. Something for everyone. Everything must go. No early sales please. Cash only.

GARAGE SALE Thurs., Fri., Sat. 9am-5pm. Household items, furniture, clothing, toys, books, tools, lamps, dishes, linens, bikes, antiques, baby items, glassware, lawn equipment, misc. Something for everyone. Everything must go. No early sales please. Cash only.

GARAGE SALE Thurs., Fri., Sat. 9am-5pm. Household items, furniture, clothing, toys, books, tools, lamps, dishes, linens, bikes, antiques, baby items, glassware, lawn equipment, misc. Something for everyone. Everything must go. No early sales please. Cash only.

GARAGE SALE Thurs., Fri., Sat. 9am-5pm. Household items, furniture, clothing, toys, books, tools, lamps, dishes, linens, bikes, antiques, baby items, glassware, lawn equipment, misc. Something for everyone. Everything must go. No early sales please. Cash only.

GARAGE SALE Thurs., Fri., Sat. 9am-5pm. Household items, furniture, clothing, toys, books, tools, lamps, dishes, linens, bikes, antiques, baby items, glassware, lawn equipment, misc. Something for everyone. Everything must go. No early sales please. Cash only.

GARAGE SALE Thurs., Fri., Sat. 9am-5pm. Household items, furniture, clothing, toys, books, tools, lamps, dishes, linens, bikes, antiques, baby items, glassware, lawn equipment, misc. Something for everyone. Everything must go. No early sales please. Cash only.

GARAGE SALE Thurs., Fri., Sat. 9am-5pm. Household items, furniture, clothing, toys, books, tools, lamps, dishes, linens, bikes, antiques, baby items, glassware, lawn equipment, misc. Something for everyone. Everything must go. No early sales please. Cash only.

GARAGE SALE Thurs., Fri., Sat. 9am-5pm. Household items, furniture, clothing, toys, books, tools, lamps, dishes, linens, bikes, antiques, baby items, glassware, lawn equipment, misc. Something for everyone. Everything must go. No early sales please. Cash only.

GARAGE SALE Thurs., Fri., Sat. 9am-5pm. Household items, furniture, clothing, toys, books, tools, lamps, dishes, linens, bikes, antiques, baby items, glassware, lawn equipment, misc. Something for everyone. Everything must go. No early sales please. Cash only.

GARAGE SALE Thurs., Fri., Sat. 9am-5pm. Household items, furniture, clothing, toys, books, tools, lamps, dishes, linens, bikes, antiques, baby items, glassware, lawn equipment, misc. Something for everyone. Everything must go. No early sales please. Cash only.

GARAGE SALE Thurs., Fri., Sat. 9am-5pm. Household items, furniture, clothing, toys, books, tools, lamps, dishes, linens, bikes, antiques, baby items, glassware, lawn equipment, misc. Something for everyone. Everything must go. No early sales please. Cash only.

GARAGE SALE Thurs., Fri., Sat. 9am-5pm. Household items, furniture, clothing, toys, books, tools, lamps, dishes, linens, bikes, antiques, baby items, glassware, lawn equipment, misc. Something for everyone. Everything must go. No early sales please. Cash only.

GARAGE SALE Thurs., Fri., Sat. 9am-5pm. Household items, furniture, clothing, toys, books, tools, lamps, dishes, linens, bikes, antiques, baby items, glassware, lawn equipment, misc. Something for everyone. Everything must go. No early sales please. Cash only.

GARAGE SALE Thurs., Fri., Sat. 9am-5pm. Household items, furniture, clothing, toys, books, tools, lamps, dishes, linens, bikes, antiques, baby items, glassware, lawn equipment, misc. Something for everyone. Everything must go. No early sales please. Cash only.

GARAGE SALE Thurs., Fri., Sat. 9am-5pm. Household items, furniture, clothing, toys, books, tools, lamps, dishes, linens, bikes, antiques, baby items, glassware, lawn equipment, misc. Something for everyone. Everything must go. No early sales please. Cash only.

GARAGE SALE Thurs., Fri., Sat. 9am-5pm. Household items, furniture, clothing, toys, books, tools, lamps, dishes, linens, bikes, antiques, baby items, glassware, lawn equipment, misc. Something for everyone. Everything must go. No early sales please. Cash only.

GARAGE SALE Thurs., Fri., Sat. 9am-5pm. Household items, furniture, clothing, toys, books, tools, lamps, dishes, linens, bikes, antiques, baby items, glassware, lawn equipment, misc. Something for everyone. Everything must go. No early sales please. Cash only.

GARAGE SALE Thurs., Fri., Sat. 9am-5pm. Household items, furniture, clothing, toys, books, tools, lamps, dishes, linens, bikes, antiques, baby items, glassware, lawn equipment, misc. Something for everyone. Everything must go. No early sales please. Cash only.

GARAGE SALE Thurs., Fri., Sat. 9am-5pm. Household items, furniture, clothing, toys, books, tools, lamps, dishes, linens, bikes, antiques, baby items, glassware, lawn equipment, misc. Something for everyone. Everything must go. No early sales please. Cash only.

GARAGE SALE Thurs., Fri., Sat. 9am-5pm. Household items, furniture, clothing, toys, books, tools, lamps, dishes, linens, bikes, antiques, baby items, glassware, lawn equipment, misc. Something for everyone. Everything must go. No early sales please. Cash only.

GARAGE SALE Thurs., Fri., Sat. 9am-5pm. Household items, furniture, clothing, toys, books, tools, lamps, dishes, linens, bikes, antiques, baby items, glassware, lawn equipment, misc. Something for everyone. Everything must go. No early sales please. Cash only.

GARAGE SALE Thurs., Fri., Sat. 9am-5pm. Household items, furniture, clothing, toys, books, tools, lamps, dishes, linens, bikes, antiques, baby items, glassware, lawn equipment, misc. Something for everyone. Everything must go. No early sales please. Cash only.

GARAGE SALE Thurs., Fri., Sat. 9am-5pm. Household items, furniture, clothing, toys, books, tools, lamps, dishes, linens, bikes, antiques, baby items, glassware, lawn equipment, misc. Something for everyone. Everything must go. No early sales please. Cash only.

GARAGE SALE Thurs., Fri., Sat. 9am-5pm. Household items, furniture, clothing, toys, books, tools, lamps, dishes, linens, bikes, antiques, baby items, glassware, lawn equipment, misc. Something for everyone. Everything must go. No early sales please. Cash only.

GARAGE SALE Thurs., Fri., Sat. 9am-5pm. Household items, furniture, clothing, toys, books, tools, lamps, dishes, linens, bikes, antiques, baby items, glassware, lawn equipment, misc. Something for everyone. Everything must go. No early sales please. Cash only.

710 Misc. For Sale
Oakland County

MOVING Garage Sale, Thurs, Fri, Sat. 110 Fairfax, Birmingham. Toys, Trash & Treasures. Household items, dressers, misc.

MOVING SALE Birmingham. 18210 Margarita, 2 blks N. of 14 Mile, W. of Woodward. Furniture, appliances, clothing.

MOVING SALE Birmingham. Thurs. Aug 27, 9am-4 PM. 1465 Fairview. Antiques, desk, crib, recliner.

GARAGE SALE Thurs., Fri., Sat. 9am-5pm. Household items, furniture, clothing, toys, books, tools, lamps, dishes, linens, bikes, antiques, baby items, glassware, lawn equipment, misc. Something for everyone. Everything must go. No early sales please. Cash only.

GARAGE SALE Thurs., Fri., Sat. 9am-5pm. Household items, furniture, clothing, toys, books, tools, lamps, dishes, linens, bikes, antiques, baby items, glassware, lawn equipment, misc. Something for everyone. Everything must go. No early sales please. Cash only.

GARAGE SALE Thurs., Fri., Sat. 9am-5pm. Household items, furniture, clothing, toys, books, tools, lamps, dishes, linens, bikes, antiques, baby items, glassware, lawn equipment, misc. Something for everyone. Everything must go. No early sales please. Cash only.

711 Misc. For Sale
Wayne County

GARAGE SALE Thurs., Fri., Sat. 9am-5pm. Household items, furniture, clothing, toys, books, tools, lamps, dishes, linens, bikes, antiques, baby items, glassware, lawn equipment, misc. Something for everyone. Everything must go. No early sales please. Cash only.

GARAGE SALE Thurs., Fri., Sat. 9am-5pm. Household items, furniture, clothing, toys, books, tools, lamps, dishes, linens, bikes, antiques, baby items, glassware, lawn equipment, misc. Something for everyone. Everything must go. No early sales please. Cash only.

GARAGE SALE Thurs., Fri., Sat. 9am-5pm. Household items, furniture, clothing, toys, books, tools, lamps, dishes, linens, bikes, antiques, baby items, glassware, lawn equipment, misc. Something for everyone. Everything must go. No early sales please. Cash only.

GARAGE SALE Thurs., Fri., Sat. 9am-5pm. Household items, furniture, clothing, toys, books, tools, lamps, dishes, linens, bikes, antiques, baby items, glassware, lawn equipment, misc. Something for everyone. Everything must go. No early sales please. Cash only.

THE ENERGY STORE
16709 Middlebelt, Livonia Between 5-6 Mile 427-3300

GARAGE SALE Thurs., Fri., Sat. 9am-5pm. Household items, furniture, clothing, toys, books, tools, lamps, dishes, linens, bikes, antiques, baby items, glassware, lawn equipment, misc. Something for everyone. Everything must go. No early sales please. Cash only.

GARAGE SALE Thurs., Fri., Sat. 9am-5pm. Household items, furniture, clothing, toys, books, tools, lamps, dishes, linens, bikes, antiques, baby items, glassware, lawn equipment, misc. Something for everyone. Everything must go. No early sales please. Cash only.

GARAGE SALE Thurs., Fri., Sat. 9am-5pm. Household items, furniture, clothing, toys, books, tools, lamps, dishes, linens, bikes, antiques, baby items, glassware, lawn equipment, misc. Something for everyone. Everything must go. No early sales please. Cash only.

GARAGE SALE Thurs., Fri., Sat. 9am-5pm. Household items, furniture, clothing, toys, books, tools, lamps, dishes, linens, bikes, antiques, baby items, glassware, lawn equipment, misc. Something for everyone. Everything must go. No early sales please. Cash only.

GARAGE SALE Thurs., Fri., Sat. 9am-5pm. Household items, furniture, clothing, toys, books, tools, lamps, dishes, linens, bikes, antiques, baby items, glassware, lawn equipment, misc. Something for everyone. Everything must go. No early sales please. Cash only.

GARAGE SALE Thurs., Fri., Sat. 9am-5pm. Household items, furniture, clothing, toys, books, tools, lamps, dishes, linens, bikes, antiques, baby items, glassware, lawn equipment, misc. Something for everyone. Everything must go. No early sales please. Cash only.

GARAGE SALE Thurs., Fri., Sat. 9am-5pm. Household items, furniture, clothing, toys, books, tools, lamps, dishes, linens, bikes, antiques, baby items, glassware, lawn equipment, misc. Something for everyone. Everything must go. No early sales please. Cash only.

GARAGE SALE Thurs., Fri., Sat. 9am-5pm. Household items, furniture, clothing, toys, books, tools, lamps, dishes, linens, bikes, antiques, baby items, glassware, lawn equipment, misc. Something for everyone. Everything must go. No early sales please. Cash only.

GARAGE SALE Thurs., Fri., Sat. 9am-5pm. Household items, furniture, clothing, toys, books, tools, lamps, dishes, linens, bikes, antiques, baby items, glassware, lawn equipment, misc. Something for everyone. Everything must go. No early sales please. Cash only.

GARAGE SALE Thurs., Fri., Sat. 9am-5pm. Household items, furniture, clothing, toys, books, tools, lamps, dishes, linens, bikes, antiques, baby items, glassware, lawn equipment, misc. Something for everyone. Everything must go. No early sales please. Cash only.

GARAGE SALE Thurs., Fri., Sat. 9am-5pm. Household items, furniture, clothing, toys, books, tools, lamps, dishes, linens, bikes, antiques, baby items, glassware, lawn equipment, misc. Something for everyone. Everything must go. No early sales please. Cash only.

GARAGE SALE Thurs., Fri., Sat. 9am-5pm. Household items, furniture, clothing, toys, books, tools, lamps, dishes, linens, bikes, antiques, baby items, glassware, lawn equipment, misc. Something for everyone. Everything must go. No early sales please. Cash only.

GARAGE SALE Thurs., Fri., Sat. 9am-5pm. Household items, furniture, clothing, toys, books, tools, lamps, dishes, linens, bikes, antiques, baby items, glassware, lawn equipment, misc. Something for everyone. Everything must go. No early sales please. Cash only.

GARAGE SALE Thurs., Fri., Sat. 9am-5pm. Household items, furniture, clothing, toys, books, tools, lamps, dishes, linens, bikes, antiques, baby items, glassware, lawn equipment, misc. Something for everyone. Everything must go. No early sales please. Cash only.

GARAGE SALE Thurs., Fri., Sat. 9am-5pm. Household items, furniture, clothing, toys, books, tools, lamps, dishes, linens, bikes, antiques, baby items, glassware, lawn equipment, misc. Something for everyone. Everything must go. No early sales please. Cash only.

GARAGE SALE Thurs., Fri., Sat. 9am-5pm. Household items, furniture, clothing, toys, books, tools, lamps, dishes, linens, bikes, antiques, baby items, glassware, lawn equipment, misc. Something for everyone. Everything must go. No early sales please. Cash only.

GARAGE SALE Thurs., Fri., Sat. 9am-5pm. Household items, furniture, clothing, toys, books, tools, lamps, dishes, linens, bikes, antiques, baby items, glassware, lawn equipment, misc. Something for everyone. Everything must go. No early sales please. Cash only.

GARAGE SALE Thurs., Fri., Sat. 9am-5pm. Household items, furniture, clothing, toys, books, tools, lamps, dishes, linens, bikes, antiques, baby items, glassware, lawn equipment, misc. Something for everyone. Everything must go. No early sales please. Cash only.

GARAGE SALE Thurs., Fri., Sat. 9am-5pm. Household items, furniture, clothing, toys, books, tools, lamps, dishes, linens, bikes, antiques, baby items, glassware, lawn equipment, misc. Something for everyone. Everything must go. No early sales please. Cash only.

GARAGE SALE Thurs., Fri., Sat. 9am-5pm. Household items, furniture, clothing, toys, books, tools, lamps, dishes, linens, bikes, antiques, baby items, glassware, lawn equipment, misc. Something for everyone. Everything must go. No early sales please. Cash only.

GARAGE SALE Thurs., Fri., Sat. 9am-5pm. Household items, furniture, clothing, toys, books, tools, lamps, dishes, linens, bikes, antiques, baby items, glassware, lawn equipment, misc. Something for everyone. Everything must go. No early sales please. Cash only.

GARAGE SALE Thurs., Fri., Sat. 9am-5pm. Household items, furniture, clothing, toys, books, tools, lamps, dishes, linens, bikes, antiques, baby items, glassware, lawn equipment, misc. Something for everyone. Everything must go. No early sales please. Cash only.

GARAGE SALE Thurs., Fri., Sat. 9am-5pm. Household items, furniture, clothing, toys, books, tools, lamps, dishes, linens, bikes, antiques, baby items, glassware, lawn equipment, misc. Something for everyone. Everything must go. No early sales please. Cash only.

GARAGE SALE Thurs., Fri., Sat. 9am-5pm. Household items, furniture, clothing, toys, books, tools, lamps, dishes, linens, bikes, antiques, baby items, glassware, lawn equipment, misc. Something for everyone. Everything must go. No early sales please. Cash only.

GARAGE SALE Thurs., Fri., Sat. 9am-5pm. Household items, furniture, clothing, toys, books, tools, lamps, dishes, linens, bikes, antiques, baby items, glassware, lawn equipment, misc. Something for everyone. Everything must go. No early sales please. Cash only.

GARAGE SALE Thurs., Fri., Sat. 9am-5pm. Household items, furniture, clothing, toys, books, tools, lamps, dishes, linens, bikes, antiques, baby items, glassware, lawn equipment, misc. Something for everyone. Everything must go. No early sales please. Cash only.

GARAGE SALE Thurs., Fri., Sat. 9am-5pm. Household items, furniture, clothing, toys, books, tools, lamps, dishes, linens, bikes, antiques, baby items, glassware, lawn equipment, misc. Something for everyone. Everything must go. No early sales please. Cash only.

GARAGE SALE Thurs., Fri., Sat. 9am-5pm. Household items, furniture, clothing, toys, books, tools, lamps, dishes, linens, bikes, antiques, baby items, glassware, lawn equipment, misc. Something for everyone. Everything must go. No early sales please. Cash only.

GARAGE SALE Thurs., Fri., Sat. 9am-5pm. Household items, furniture, clothing, toys, books, tools, lamps, dishes, linens, bikes, antiques, baby items, glassware, lawn equipment, misc. Something for everyone. Everything must go. No early sales please. Cash only.

GARAGE SALE Thurs., Fri., Sat. 9am-5pm. Household items, furniture, clothing, toys, books, tools, lamps, dishes, linens, bikes, antiques, baby items, glassware, lawn equipment, misc. Something for everyone. Everything must go. No early sales please. Cash only.

GARAGE SALE Thurs., Fri., Sat. 9am-5pm. Household items, furniture, clothing, toys, books, tools, lamps, dishes, linens, bikes, antiques, baby items, glassware, lawn equipment, misc. Something for everyone. Everything must go. No early sales please. Cash only.

GARAGE SALE Thurs., Fri., Sat. 9am-5pm. Household items, furniture, clothing, toys, books, tools, lamps, dishes, linens, bikes, antiques, baby items, glassware, lawn equipment, misc. Something for everyone. Everything must go. No early sales please. Cash only.

GARAGE SALE Thurs., Fri., Sat. 9am-5pm. Household items, furniture, clothing, toys, books, tools, lamps, dishes, linens, bikes, antiques, baby items, glassware, lawn equipment, misc. Something for everyone. Everything must go. No early sales please. Cash only.

GARAGE SALE Thurs., Fri., Sat. 9am-5pm. Household items, furniture, clothing, toys, books, tools, lamps, dishes, linens, bikes, antiques, baby items, glassware, lawn equipment, misc. Something for everyone. Everything must go. No early sales please. Cash only.

711 Misc. For Sale
Wayne County

BASEMENT SALE Livonia. 36353 Seven Mile. Thurs. Sat. Misc. Appliances, furniture and clothes.

BASEMENT SALE Livonia. 5 Family. Fri. 2-9pm. Thurs.-Sat. 31002 Sunset St.

BASEMENT SALE Livonia. Aug. 26, 27, 28. Furniture, dishes, toys, clothing, misc.

BASEMENT SALE Livonia. 19005 Fremont. Fri.-Sat. 10-4pm. Household goods, tools.

GARAGE SALE Thurs., Fri., Sat. 9am-5pm. Household items, furniture, clothing, toys, books, tools, lamps, dishes, linens, bikes, antiques, baby items, glassware, lawn equipment, misc. Something for everyone. Everything must go. No early sales please. Cash only.

GARAGE SALE Thurs., Fri., Sat. 9am-5pm. Household items, furniture, clothing, toys, books, tools, lamps, dishes, linens, bikes, antiques, baby items, glassware, lawn equipment, misc. Something for everyone. Everything must go. No early sales please. Cash only.

GARAGE SALE Thurs., Fri., Sat. 9am-5pm. Household items, furniture, clothing, toys, books, tools, lamps, dishes, linens, bikes, antiques, baby items, glassware, lawn equipment, misc. Something for everyone. Everything must go. No early sales please. Cash only.

GARAGE SALE Thurs., Fri., Sat. 9am-5pm. Household items, furniture, clothing, toys, books, tools, lamps, dishes, linens, bikes, antiques, baby items, glassware, lawn equipment, misc. Something for everyone. Everything must go. No early sales please. Cash only.

GARAGE SALE Thurs., Fri., Sat. 9am-5pm. Household items, furniture, clothing, toys, books, tools, lamps, dishes, linens, bikes, antiques, baby items, glassware, lawn equipment, misc. Something for everyone. Everything must go. No early sales please. Cash only.

GARAGE SALE Thurs., Fri., Sat. 9am-5pm. Household items, furniture, clothing, toys, books, tools, lamps, dishes, linens, bikes, antiques, baby items, glassware, lawn equipment, misc. Something for everyone. Everything must go. No early sales please. Cash only.

GARAGE SALE Thurs., Fri., Sat. 9am-5pm. Household items, furniture, clothing, toys, books, tools, lamps, dishes, linens, bikes, antiques, baby items, glassware, lawn equipment, misc. Something for everyone. Everything must go. No early sales please. Cash only.

GARAGE SALE Thurs., Fri., Sat. 9am-5pm. Household items, furniture, clothing, toys, books, tools, lamps, dishes, linens, bikes, antiques, baby items, glassware, lawn equipment, misc. Something for everyone. Everything must go. No early sales please. Cash only.

GARAGE SALE Thurs., Fri., Sat. 9am-5pm. Household items, furniture, clothing, toys, books, tools, lamps, dishes, linens, bikes, antiques, baby items, glassware, lawn equipment, misc. Something for everyone. Everything must go. No early sales please. Cash only.

GARAGE SALE Thurs., Fri., Sat. 9am-5pm. Household items, furniture, clothing, toys, books, tools, lamps, dishes, linens, bikes, antiques, baby items, glassware, lawn equipment, misc. Something for everyone. Everything must go. No early sales please. Cash only.

GARAGE SALE Thurs., Fri., Sat. 9am-5pm. Household items, furniture, clothing, toys, books, tools, lamps, dishes, linens, bikes, antiques, baby items, glassware, lawn equipment, misc. Something for everyone. Everything must go. No early sales please. Cash only.

GARAGE SALE Thurs., Fri., Sat. 9am-5pm. Household items, furniture, clothing, toys, books, tools, lamps, dishes, linens, bikes, antiques, baby items, glassware, lawn equipment, misc. Something for everyone. Everything must go. No early sales please. Cash only.

GARAGE SALE Thurs., Fri., Sat. 9am-5pm. Household items, furniture, clothing, toys, books, tools, lamps, dishes, linens, bikes, antiques, baby items, glassware, lawn equipment, misc. Something for everyone. Everything must go. No early sales please. Cash only.

GARAGE SALE Thurs., Fri., Sat. 9am-5pm. Household items, furniture, clothing, toys, books, tools, lamps, dishes, linens, bikes, antiques, baby items, glassware, lawn equipment, misc. Something for everyone. Everything must go. No early sales please. Cash only.

GARAGE SALE Thurs., Fri., Sat. 9am-5pm. Household items, furniture, clothing, toys, books, tools, lamps, dishes, linens, bikes, antiques, baby items, glassware, lawn equipment, misc. Something for everyone. Everything must go. No early sales please. Cash only.

GARAGE SALE Thurs., Fri., Sat. 9am-5pm. Household items, furniture, clothing, toys, books, tools, lamps, dishes, linens, bikes, antiques, baby items, glassware, lawn equipment, misc. Something for everyone. Everything must go. No early sales please. Cash only.

GARAGE SALE Thurs., Fri., Sat. 9am-5pm. Household items, furniture, clothing, toys, books, tools, lamps, dishes, linens, bikes, antiques, baby items, glassware, lawn equipment, misc. Something for everyone. Everything must go. No early sales please. Cash only.

GARAGE SALE Thurs., Fri., Sat. 9am-5pm. Household items, furniture, clothing, toys, books, tools, lamps, dishes, linens, bikes, antiques, baby items, glassware, lawn equipment, misc. Something for everyone. Everything must go. No early sales please. Cash only.

GARAGE SALE Thurs., Fri., Sat. 9am-5pm. Household items, furniture, clothing, toys, books, tools, lamps, dishes, linens, bikes, antiques, baby items, glassware, lawn equipment, misc. Something for everyone. Everything must go. No early sales please. Cash only.

GARAGE SALE Thurs., Fri., Sat. 9am-5pm. Household items, furniture, clothing, toys, books, tools, lamps, dishes, linens, bikes, antiques, baby items, glassware, lawn equipment, misc. Something for everyone. Everything must go. No early sales please. Cash only.

GARAGE SALE Thurs., Fri., Sat. 9am-5pm. Household items, furniture, clothing, toys, books, tools, lamps, dishes, linens, bikes, antiques, baby items, glassware, lawn equipment, misc. Something for everyone. Everything must go. No early sales please. Cash only.

GARAGE SALE Thurs., Fri., Sat. 9am-5pm. Household items, furniture, clothing, toys, books, tools, lamps, dishes, linens, bikes, antiques, baby items, glassware, lawn equipment, misc. Something for everyone. Everything must go. No early sales please. Cash only.

GARAGE SALE Thurs., Fri., Sat. 9am-5pm. Household items, furniture, clothing, toys, books, tools, lamps, dishes, linens, bikes, antiques, baby items, glassware, lawn equipment, misc. Something for everyone. Everything must go. No early sales please. Cash only.

GARAGE SALE Thurs., Fri., Sat. 9am-5pm. Household items, furniture, clothing, toys, books, tools, lamps, dishes, linens, bikes, antiques, baby items, glassware, lawn equipment, misc. Something for everyone. Everything must go. No early sales please. Cash only.

GARAGE SALE Thurs., Fri., Sat. 9am-5pm. Household items, furniture, clothing, toys, books, tools, lamps, dishes, linens, bikes, antiques, baby items, glassware, lawn equipment, misc. Something for everyone. Everything must go. No early sales please. Cash only.

GARAGE SALE Thurs., Fri., Sat. 9am-5pm. Household items, furniture, clothing, toys, books, tools, lamps, dishes, linens, bikes, antiques, baby items, glassware, lawn equipment, misc. Something for everyone. Everything must go. No early sales please. Cash only.

GARAGE SALE Thurs., Fri., Sat. 9am-5pm. Household items, furniture, clothing, toys, books, tools, lamps, dishes, linens, bikes, antiques, baby items, glassware, lawn equipment, misc. Something for everyone. Everything must go. No early sales please. Cash only.

GARAGE SALE Thurs., Fri., Sat. 9am-5pm. Household items, furniture, clothing, toys, books, tools, lamps, dishes, linens, bikes, antiques, baby items, glassware, lawn equipment, misc. Something for everyone. Everything must go. No early sales please. Cash only.

GARAGE SALE Thurs., Fri., Sat. 9am-5pm. Household items, furniture, clothing, toys, books, tools, lamps, dishes, linens, bikes, antiques, baby items, glassware, lawn equipment, misc. Something for everyone. Everything must go. No early sales please. Cash only.

GARAGE SALE Thurs., Fri., Sat. 9am-5pm. Household items, furniture, clothing, toys, books, tools, lamps, dishes, linens, bikes, antiques, baby items, glassware, lawn equipment, misc. Something for everyone. Everything must go. No early sales please. Cash only.

GARAGE SALE Thurs., Fri., Sat. 9am-5pm. Household items, furniture, clothing, toys, books, tools, lamps, dishes, linens, bikes, antiques, baby items, glassware, lawn equipment, misc. Something for everyone. Everything must go. No early sales please. Cash only.

GARAGE SALE Thurs., Fri., Sat. 9am-5pm. Household items, furniture, clothing, toys, books, tools, lamps, dishes, linens, bikes, antiques, baby items, glassware, lawn equipment, misc. Something for everyone. Everything must go. No early sales please. Cash only.

GARAGE SALE Thurs., Fri., Sat. 9am-5pm. Household items, furniture, clothing, toys, books, tools, lamps, dishes, linens, bikes, antiques, baby items, glassware, lawn equipment, misc. Something for everyone. Everything must go. No early sales please. Cash only.

711 Misc. For Sale
Wayne County

GARAGE SALE Northville. 443 Sunset. 2 family. Fri., Sat. 9am-5pm. Furniture, clothes, toys, misc.

GARAGE SALE Livonia. Aug. 28-29, 9-6. Furniture and misc. items.

GARAGE SALE Livonia. 5 Family. Fri. 2-9pm, Thurs.-Sat. 33005 Sunset. N. of Schoolcraft, W. of Newburgh.

GARAGE SALE Livonia. 14 Mile & Haggerty. Thurs. Fri. only 10-4. Baby items, household, books.

GARAGE SALE Thurs., Fri., Sat. 9am-5pm. Household items, furniture, clothing, toys, books, tools, lamps, dishes, linens, bikes, antiques, baby items, glassware, lawn equipment, misc. Something for everyone. Everything must go. No early sales please. Cash only.

GARAGE SALE Thurs., Fri., Sat. 9am-5pm. Household items, furniture, clothing, toys, books, tools, lamps, dishes, linens, bikes, antiques, baby items, glassware, lawn equipment, misc. Something for everyone. Everything must go. No early sales please. Cash only.

GARAGE SALE Thurs., Fri., Sat. 9am-5pm. Household items, furniture, clothing, toys, books, tools, lamps, dishes, linens, bikes, antiques, baby items, glassware, lawn equipment, misc. Something for everyone. Everything must go. No early sales please. Cash only.

GARAGE SALE Thurs., Fri., Sat. 9am-5pm. Household items, furniture, clothing, toys, books, tools, lamps, dishes, linens, bikes, antiques, baby items, glassware, lawn equipment, misc. Something for everyone. Everything must go. No early sales please. Cash only.

GARAGE SALE Thurs., Fri., Sat. 9am-5pm. Household items, furniture, clothing, toys, books, tools, lamps, dishes, linens, bikes, antiques, baby items, glassware, lawn equipment, misc. Something for everyone. Everything must go. No early sales please. Cash only.

GARAGE SALE Thurs., Fri., Sat. 9am-5pm. Household items, furniture, clothing, toys, books, tools, lamps, dishes, linens, bikes, antiques, baby items, glassware, lawn equipment, misc. Something for everyone. Everything must go. No early sales please. Cash only.

GARAGE SALE Thurs., Fri., Sat. 9am-5pm. Household items, furniture, clothing, toys, books, tools, lamps, dishes, linens, bikes, antiques, baby items, glassware, lawn equipment, misc. Something for everyone. Everything must go. No early sales please. Cash only.

GARAGE SALE Thurs., Fri., Sat. 9am-5pm. Household items, furniture, clothing, toys, books, tools, lamps, dishes, linens, bikes, antiques, baby items, glassware, lawn equipment, misc. Something for everyone. Everything must go. No early sales please. Cash only.

GARAGE SALE Thurs., Fri., Sat. 9am-5pm. Household items, furniture, clothing, toys, books, tools, lamps, dishes, linens, bikes, antiques, baby items, glassware, lawn equipment, misc. Something for everyone. Everything must go. No early sales please. Cash only.

GARAGE SALE Thurs., Fri., Sat. 9am-5pm. Household items, furniture, clothing, toys, books, tools, lamps, dishes, linens, bikes, antiques, baby items, glassware, lawn equipment, misc. Something for everyone. Everything must go. No early sales please. Cash only.

GARAGE SALE Thurs., Fri., Sat. 9am-5pm. Household items, furniture, clothing, toys, books, tools, lamps, dishes, linens, bikes, antiques, baby items, glassware, lawn equipment, misc. Something for everyone. Everything must go. No early sales please. Cash only.

GARAGE SALE Thurs., Fri., Sat. 9am-5pm. Household items, furniture, clothing, toys, books, tools, lamps, dishes, linens, bikes, antiques, baby items, glassware, lawn equipment, misc. Something for everyone. Everything must go. No early sales please. Cash only.

GARAGE SALE Thurs., Fri., Sat. 9am-5pm. Household items, furniture, clothing, toys, books, tools, lamps, dishes, linens, bikes, antiques, baby items, glassware, lawn equipment, misc. Something for everyone. Everything must go. No early sales please. Cash only.

GARAGE SALE Thurs., Fri., Sat. 9am-5pm. Household items, furniture, clothing, toys, books, tools, lamps, dishes, linens, bikes, antiques, baby items, glassware, lawn equipment, misc. Something for everyone. Everything must go. No early sales please. Cash only.

GARAGE SALE Thurs., Fri., Sat. 9am-5pm. Household items, furniture, clothing, toys, books, tools, lamps, dishes, linens, bikes, antiques, baby items, glassware, lawn equipment, misc. Something for everyone. Everything must go. No early sales please. Cash only.

GARAGE SALE Thurs., Fri., Sat. 9am-5pm. Household items, furniture, clothing, toys, books, tools, lamps, dishes, linens, bikes, antiques, baby items, glassware, lawn equipment, misc. Something for everyone. Everything must go. No early sales please. Cash only.

GARAGE SALE Thurs., Fri., Sat. 9am-5pm. Household items, furniture, clothing, toys, books, tools, lamps, dishes, linens, bikes, antiques, baby items, glassware, lawn equipment, misc. Something for everyone. Everything must go. No early sales please. Cash only.

GARAGE SALE Thurs., Fri., Sat. 9am-5pm. Household items, furniture, clothing, toys, books, tools, lamps, dishes, linens, bikes, antiques, baby items, glassware, lawn equipment, misc. Something for everyone. Everything must go. No early sales please. Cash only.

GARAGE SALE Thurs., Fri., Sat. 9am-5pm. Household items, furniture, clothing, toys, books, tools, lamps, dishes, linens, bikes, antiques, baby items, glassware, lawn equipment, misc. Something for everyone. Everything must go. No early sales please. Cash only.

GARAGE SALE Thurs., Fri., Sat. 9am-5pm. Household items, furniture, clothing, toys, books, tools, lamps, dishes, linens, bikes, antiques, baby items, glassware, lawn equipment, misc. Something for everyone. Everything must go. No early sales please. Cash only.

GARAGE SALE Thurs., Fri., Sat. 9am-5pm. Household items, furniture, clothing, toys, books, tools, lamps, dishes, linens, bikes, antiques, baby items, glassware, lawn equipment, misc. Something for everyone. Everything must go. No early sales please. Cash only.

GARAGE SALE Thurs., Fri., Sat. 9am-5pm. Household items, furniture, clothing, toys, books, tools, lamps, dishes, linens, bikes, antiques, baby items, glassware, lawn equipment, misc. Something for everyone. Everything must go. No early sales please. Cash only.

GARAGE SALE Thurs., Fri., Sat. 9am-5pm. Household items, furniture, clothing, toys, books, tools, lamps, dishes, linens, bikes, antiques, baby items, glassware, lawn equipment, misc. Something for everyone. Everything must go. No early sales please. Cash only.

GARAGE SALE Thurs., Fri., Sat. 9am-5pm. Household items, furniture, clothing, toys, books, tools, lamps, dishes, linens, bikes, antiques, baby items, glassware, lawn equipment, misc. Something for everyone. Everything must go. No early sales please. Cash only.

GARAGE SALE Thurs., Fri., Sat. 9am-5pm. Household items, furniture, clothing, toys, books, tools, lamps, dishes, linens, bikes, antiques, baby items, glassware, lawn equipment, misc. Something for everyone. Everything must go. No early sales please. Cash only.

GARAGE SALE Thurs., Fri., Sat. 9am-5pm. Household items, furniture, clothing, toys, books, tools, lamps, dishes, linens, bikes, antiques, baby items, glassware, lawn equipment, misc. Something for everyone. Everything must go. No early sales please. Cash only.

GARAGE SALE Thurs., Fri., Sat. 9am-5pm. Household items, furniture, clothing, toys, books, tools, lamps, dishes, linens, bikes, antiques, baby items, glassware, lawn equipment, misc. Something for everyone. Everything must go. No early sales please. Cash only.

GARAGE SALE Thurs., Fri., Sat. 9am-5pm. Household items, furniture, clothing, toys, books, tools, lamps, dishes, linens, bikes, antiques, baby items, glassware, lawn equipment, misc. Something for everyone. Everything must go. No early sales please. Cash only.

GARAGE SALE Thurs., Fri., Sat. 9am-5pm. Household items, furniture, clothing, toys, books, tools, lamps, dishes, linens, bikes, antiques, baby items, glassware, lawn equipment, misc. Something for everyone. Everything must go. No early sales please. Cash only.

GARAGE SALE Thurs., Fri., Sat. 9am-5pm. Household items, furniture, clothing, toys, books, tools, lamps, dishes, linens, bikes, antiques, baby items, glassware, lawn equipment, misc. Something for everyone. Everything must go. No early sales please. Cash only.

GARAGE SALE Thurs., Fri., Sat. 9am-5pm. Household items, furniture, clothing, toys, books, tools, lamps, dishes, linens, bikes, antiques, baby items, glassware, lawn equipment, misc. Something for everyone. Everything must go. No early sales please. Cash only.

GARAGE SALE Thurs., Fri., Sat. 9am-5pm. Household items, furniture, clothing, toys, books, tools, lamps, dishes, linens, bikes, antiques, baby items, glassware, lawn equipment, misc. Something for everyone. Everything must go. No early sales please. Cash only.

GARAGE SALE Thurs., Fri., Sat. 9am-5pm. Household items, furniture, clothing, toys, books, tools, lamps, dishes, linens, bikes, antiques, baby items, glassware, lawn equipment, misc. Something for everyone. Everything must go. No early sales please. Cash only.

711 Misc. For Sale
Wayne County

GARAGE SALE Northville. Northville Commons. 16766 Old Bedford Rd. Fri. & Sat. 9-5pm. Furniture, small appliances, clothing.

GARAGE SALE Plymouth. Thurs., Fri. 9-4. 4479 Cherry Lane, W. of Sheldon, S. of 5 Mile. Clothing, children's, toys, dishes.

GARAGE SALE Plymouth. Multi family. Toys, furniture, household, clothes, misc. Fri. & Sat.

GARAGE SALE Redford. 9 family. Thurs. Fri. 9-5. Baby items, clothes, misc.

GARAGE SALE Thurs., Fri., Sat. 9am-5pm. Household items, furniture, clothing, toys, books, tools, lamps, dishes, linens, bikes, antiques, baby items, glassware, lawn equipment, misc. Something for everyone. Everything must go. No early sales please. Cash only.

GARAGE SALE Thurs., Fri., Sat. 9am-5pm. Household items, furniture, clothing, toys, books, tools, lamps, dishes, linens, bikes, antiques, baby items, glassware, lawn equipment, misc. Something for everyone. Everything must go. No early sales please. Cash only.

GARAGE SALE Thurs., Fri., Sat. 9am-5pm. Household items, furniture, clothing, toys, books, tools, lamps, dishes, linens, bikes, antiques, baby items, glassware, lawn equipment, misc. Something for everyone. Everything must go. No early sales please. Cash only.

GARAGE SALE Thurs., Fri., Sat. 9am-5pm. Household items, furniture, clothing, toys, books, tools, lamps, dishes, linens, bikes, antiques, baby items, glassware, lawn equipment, misc. Something for everyone. Everything must go. No early sales please. Cash only.

GARAGE SALE Thurs., Fri., Sat. 9am-5pm. Household items, furniture, clothing, toys, books, tools, lamps, dishes, linens, bikes, antiques, baby items, glassware, lawn equipment, misc. Something for everyone. Everything must go. No early sales please. Cash only.

GARAGE SALE Thurs., Fri., Sat. 9am-5pm. Household items, furniture, clothing, toys, books, tools, lamps, dishes, linens, bikes, antiques, baby items, glassware, lawn equipment, misc. Something for everyone. Everything must go. No early sales please. Cash only.

GARAGE SALE Thurs., Fri., Sat. 9am-5pm. Household items, furniture, clothing, toys, books, tools, lamps, dishes, linens, bikes, antiques, baby items, glassware, lawn equipment, misc. Something for everyone. Everything must go. No early sales please. Cash only.

GARAGE SALE Thurs., Fri., Sat. 9am-5pm. Household items, furniture, clothing, toys, books, tools, lamps, dishes, linens, bikes, antiques, baby items, glassware, lawn equipment, misc. Something for everyone. Everything must go. No early sales please. Cash only.

GARAGE SALE Thurs., Fri., Sat. 9am-5pm. Household items, furniture, clothing, toys, books, tools, lamps, dishes, linens, bikes, antiques, baby items, glassware, lawn equipment, misc. Something for everyone. Everything must go. No early sales please. Cash only.

GARAGE SALE Thurs., Fri., Sat. 9am-5pm. Household items, furniture, clothing, toys, books, tools, lamps, dishes, linens, bikes, antiques, baby items, glassware, lawn equipment, misc. Something for everyone. Everything must go. No early sales please. Cash only.

GARAGE SALE Thurs., Fri., Sat. 9am-5pm. Household items, furniture, clothing, toys, books, tools, lamps, dishes, linens, bikes, antiques, baby items, glassware, lawn equipment, misc. Something for everyone. Everything must go. No early sales please. Cash only.

GARAGE SALE Thurs., Fri., Sat. 9am-5pm. Household items, furniture, clothing, toys, books, tools, lamps, dishes, linens, bikes, antiques, baby items, glassware, lawn equipment, misc. Something for everyone. Everything must go. No early sales please. Cash only.

GARAGE SALE Thurs., Fri., Sat. 9am-5pm. Household items, furniture, clothing, toys, books, tools, lamps, dishes, linens, bikes, antiques, baby items, glassware, lawn equipment, misc. Something for everyone. Everything must go. No early sales please. Cash only.

GARAGE SALE Thurs., Fri., Sat. 9am-5pm. Household items, furniture, clothing, toys, books, tools, lamps, dishes, linens, bikes, antiques, baby items, glassware, lawn equipment, misc. Something for everyone. Everything must go. No early sales please. Cash only.

GARAGE SALE Thurs., Fri., Sat. 9am-5pm. Household items, furniture, clothing, toys, books, tools, lamps, dishes, linens, bikes, antiques, baby items, glassware, lawn equipment, misc. Something for everyone. Everything must go. No early sales please. Cash only.

GARAGE SALE Thurs., Fri., Sat. 9am-5pm. Household items, furniture, clothing, toys, books, tools, lamps, dishes, linens, bikes, antiques, baby items, glassware, lawn equipment, misc. Something for everyone. Everything must go. No early sales please. Cash only.

GARAGE SALE Thurs., Fri., Sat. 9am-5pm. Household items, furniture, clothing, toys, books, tools, lamps, dishes, linens, bikes, antiques, baby items, glassware, lawn equipment, misc. Something for everyone. Everything must go. No early sales please. Cash only.

GARAGE SALE Thurs., Fri., Sat. 9am-5pm. Household items, furniture, clothing, toys, books, tools, lamps, dishes, linens, bikes, antiques, baby items, glassware, lawn equipment, misc. Something for everyone. Everything must go. No early sales please. Cash only.

GARAGE SALE Thurs., Fri., Sat. 9am-5pm. Household items, furniture, clothing, toys, books, tools, lamps, dishes, linens, bikes, antiques, baby items, glassware, lawn equipment, misc. Something for everyone. Everything must go. No early sales please. Cash only.

GARAGE SALE Thurs., Fri., Sat. 9am-5pm. Household items, furniture, clothing, toys, books, tools, lamps, dishes, linens, bikes, antiques, baby items, glassware, lawn equipment, misc. Something for everyone. Everything must go. No early sales please. Cash only.

GARAGE SALE Thurs., Fri., Sat. 9am-5pm. Household items, furniture, clothing, toys, books, tools, lamps, dishes, linens, bikes, antiques, baby items, glassware, lawn equipment, misc. Something for everyone. Everything must go. No early sales please. Cash only.

GARAGE SALE Thurs., Fri., Sat. 9am-5pm. Household items, furniture, clothing, toys, books, tools, lamps, dishes, linens, bikes, antiques, baby items, glassware, lawn equipment, misc. Something for everyone. Everything must go. No early sales please. Cash only.

GARAGE SALE Thurs., Fri., Sat. 9am-5pm. Household items, furniture, clothing, toys, books, tools, lamps, dishes, linens, bikes, antiques, baby items, glassware, lawn equipment, misc. Something for everyone. Everything must go. No early sales please. Cash only.

GARAGE SALE Thurs., Fri., Sat. 9am-5pm. Household items, furniture, clothing, toys, books, tools, lamps, dishes, linens, bikes, antiques, baby items, glassware, lawn equipment, misc. Something for everyone. Everything must go. No early sales please. Cash only.

GARAGE SALE Thurs., Fri., Sat. 9am-5pm. Household items, furniture, clothing, toys, books, tools, lamps, dishes, linens, bikes, antiques, baby items, glassware, lawn equipment, misc. Something for everyone. Everything must go. No early sales please. Cash only.

GARAGE SALE Thurs., Fri., Sat. 9am-5pm. Household items, furniture, clothing, toys, books, tools, lamps, dishes, linens, bikes, antiques, baby items, glassware, lawn equipment, misc. Something for everyone. Everything must go. No early sales please. Cash only.

GARAGE SALE Thurs., Fri., Sat. 9am-5pm. Household items, furniture, clothing, toys, books, tools, lamps, dishes, linens, bikes, antiques, baby items, glassware, lawn equipment, misc. Something for everyone. Everything must go. No early sales please. Cash only.

GARAGE SALE Thurs., Fri., Sat. 9am-5pm. Household items, furniture, clothing, toys, books, tools, lamps, dishes, linens, bikes, antiques, baby items, glassware, lawn equipment, misc. Something for everyone. Everything must go. No early sales please. Cash only.

GARAGE SALE Thurs., Fri., Sat. 9am-5pm. Household items, furniture, clothing, toys, books, tools, lamps, dishes, linens, bikes, antiques, baby items, glassware, lawn equipment, misc. Something for everyone. Everything must go. No early sales please. Cash only.

GARAGE SALE Thurs., Fri., Sat. 9am-5pm. Household items, furniture, clothing, toys, books, tools, lamps, dishes, linens, bikes, antiques, baby items, glassware, lawn equipment, misc. Something for everyone. Everything must go. No early sales please. Cash only.

GARAGE SALE Thurs., Fri., Sat. 9am-5pm. Household items, furniture, clothing, toys, books, tools, lamps, dishes, linens, bikes, antiques, baby items, glassware, lawn equipment, misc. Something for everyone. Everything must go. No early sales please. Cash only.

GARAGE SALE Thurs., Fri., Sat. 9am-5pm. Household items, furniture, clothing, toys, books, tools, lamps, dishes, linens, bikes, antiques, baby items, glassware, lawn equipment, misc. Something for everyone. Everything must go. No early sales please. Cash only.

GARAGE SALE Thurs., Fri., Sat. 9am-5pm. Household items, furniture, clothing, toys, books, tools, lamps, dishes, linens, bikes, antiques, baby items, glassware, lawn equipment, misc. Something for everyone. Everything must go. No early sales please. Cash only.

O&E
